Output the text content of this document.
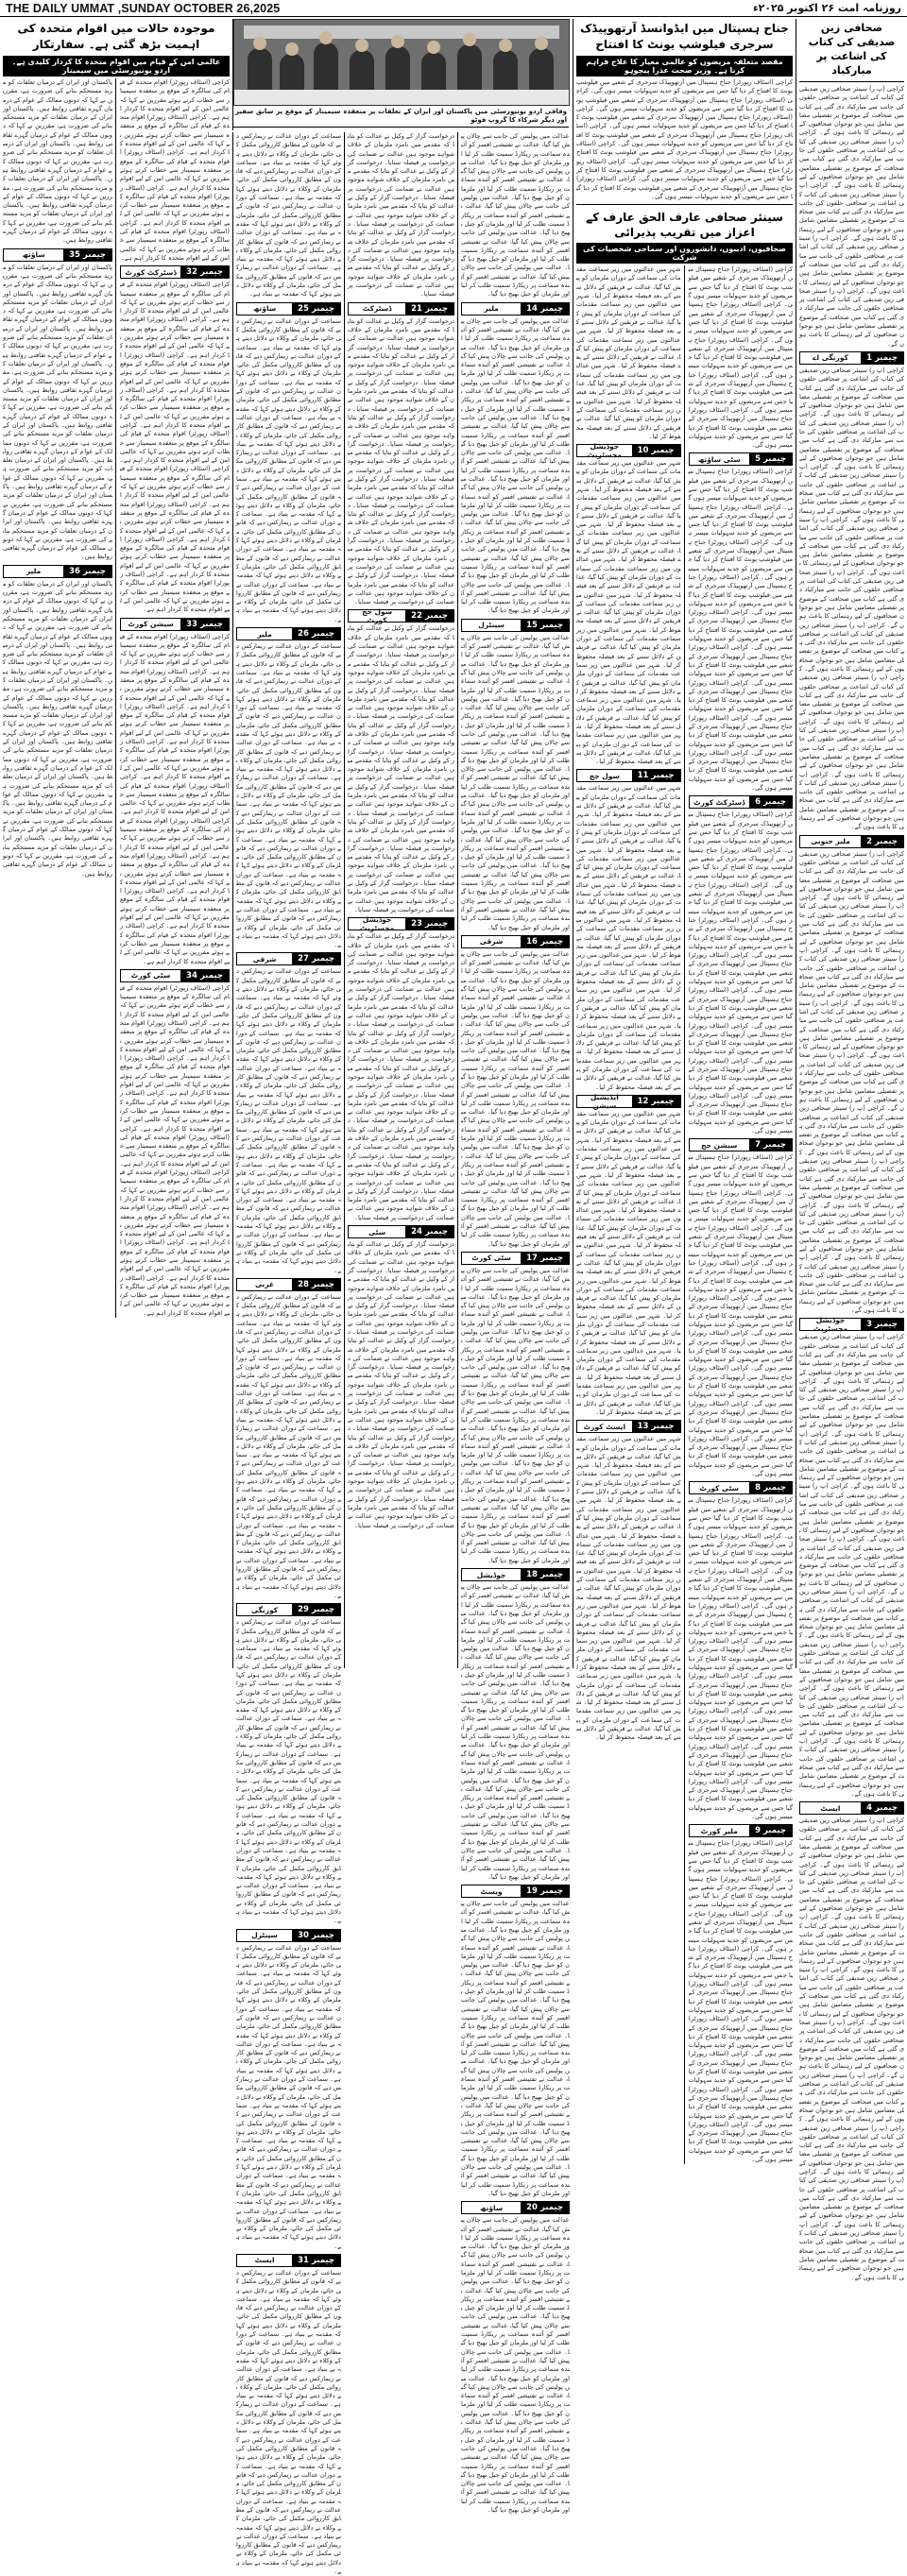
THE DAILY UMMAT ,SUNDAY OCTOBER 26,2025	روزنامہ امت ۲۶ اکتوبر ۲۰۲۵ء
صحافی زین صدیقی کی کتاب کی اشاعت پر مبارکباد
کراچی (پ ر) سینئر صحافی زین صدیقی کی کتاب کی اشاعت پر صحافتی حلقوں کی جانب سے مبارکباد دی گئی ہے کتاب میں صحافت کے موضوع پر تفصیلی مضامین شامل ہیں جو نوجوان صحافیوں کے لیے رہنمائی کا باعث ہوں گے۔ کراچی (پ ر) سینئر صحافی زین صدیقی کی کتاب کی اشاعت پر صحافتی حلقوں کی جانب سے مبارکباد دی گئی ہے کتاب میں صحافت کے موضوع پر تفصیلی مضامین شامل ہیں جو نوجوان صحافیوں کے لیے رہنمائی کا باعث ہوں گے۔ کراچی (پ ر) سینئر صحافی زین صدیقی کی کتاب کی اشاعت پر صحافتی حلقوں کی جانب سے مبارکباد دی گئی ہے کتاب میں صحافت کے موضوع پر تفصیلی مضامین شامل ہیں جو نوجوان صحافیوں کے لیے رہنمائی کا باعث ہوں گے۔ کراچی (پ ر) سینئر صحافی زین صدیقی کی کتاب کی اشاعت پر صحافتی حلقوں کی جانب سے مبارکباد دی گئی ہے کتاب میں صحافت کے موضوع پر تفصیلی مضامین شامل ہیں جو نوجوان صحافیوں کے لیے رہنمائی کا باعث ہوں گے۔ کراچی (پ ر) سینئر صحافی زین صدیقی کی کتاب کی اشاعت پر صحافتی حلقوں کی جانب سے مبارکباد دی گئی ہے کتاب میں صحافت کے موضوع پر تفصیلی مضامین شامل ہیں جو نوجوان صحافیوں کے لیے رہنمائی کا باعث ہوں گے۔
چیمبر 1
کورنگی اے
کراچی (پ ر) سینئر صحافی زین صدیقی کی کتاب کی اشاعت پر صحافتی حلقوں کی جانب سے مبارکباد دی گئی ہے کتاب میں صحافت کے موضوع پر تفصیلی مضامین شامل ہیں جو نوجوان صحافیوں کے لیے رہنمائی کا باعث ہوں گے۔ کراچی (پ ر) سینئر صحافی زین صدیقی کی کتاب کی اشاعت پر صحافتی حلقوں کی جانب سے مبارکباد دی گئی ہے کتاب میں صحافت کے موضوع پر تفصیلی مضامین شامل ہیں جو نوجوان صحافیوں کے لیے رہنمائی کا باعث ہوں گے۔ کراچی (پ ر) سینئر صحافی زین صدیقی کی کتاب کی اشاعت پر صحافتی حلقوں کی جانب سے مبارکباد دی گئی ہے کتاب میں صحافت کے موضوع پر تفصیلی مضامین شامل ہیں جو نوجوان صحافیوں کے لیے رہنمائی کا باعث ہوں گے۔ کراچی (پ ر) سینئر صحافی زین صدیقی کی کتاب کی اشاعت پر صحافتی حلقوں کی جانب سے مبارکباد دی گئی ہے کتاب میں صحافت کے موضوع پر تفصیلی مضامین شامل ہیں جو نوجوان صحافیوں کے لیے رہنمائی کا باعث ہوں گے۔ کراچی (پ ر) سینئر صحافی زین صدیقی کی کتاب کی اشاعت پر صحافتی حلقوں کی جانب سے مبارکباد دی گئی ہے کتاب میں صحافت کے موضوع پر تفصیلی مضامین شامل ہیں جو نوجوان صحافیوں کے لیے رہنمائی کا باعث ہوں گے۔ کراچی (پ ر) سینئر صحافی زین صدیقی کی کتاب کی اشاعت پر صحافتی حلقوں کی جانب سے مبارکباد دی گئی ہے کتاب میں صحافت کے موضوع پر تفصیلی مضامین شامل ہیں جو نوجوان صحافیوں کے لیے رہنمائی کا باعث ہوں گے۔ کراچی (پ ر) سینئر صحافی زین صدیقی کی کتاب کی اشاعت پر صحافتی حلقوں کی جانب سے مبارکباد دی گئی ہے کتاب میں صحافت کے موضوع پر تفصیلی مضامین شامل ہیں جو نوجوان صحافیوں کے لیے رہنمائی کا باعث ہوں گے۔ کراچی (پ ر) سینئر صحافی زین صدیقی کی کتاب کی اشاعت پر صحافتی حلقوں کی جانب سے مبارکباد دی گئی ہے کتاب میں صحافت کے موضوع پر تفصیلی مضامین شامل ہیں جو نوجوان صحافیوں کے لیے رہنمائی کا باعث ہوں گے۔ کراچی (پ ر) سینئر صحافی زین صدیقی کی کتاب کی اشاعت پر صحافتی حلقوں کی جانب سے مبارکباد دی گئی ہے کتاب میں صحافت کے موضوع پر تفصیلی مضامین شامل ہیں جو نوجوان صحافیوں کے لیے رہنمائی کا باعث ہوں گے۔
چیمبر 2
ملیر جنوبی
کراچی (پ ر) سینئر صحافی زین صدیقی کی کتاب کی اشاعت پر صحافتی حلقوں کی جانب سے مبارکباد دی گئی ہے کتاب میں صحافت کے موضوع پر تفصیلی مضامین شامل ہیں جو نوجوان صحافیوں کے لیے رہنمائی کا باعث ہوں گے۔ کراچی (پ ر) سینئر صحافی زین صدیقی کی کتاب کی اشاعت پر صحافتی حلقوں کی جانب سے مبارکباد دی گئی ہے کتاب میں صحافت کے موضوع پر تفصیلی مضامین شامل ہیں جو نوجوان صحافیوں کے لیے رہنمائی کا باعث ہوں گے۔ کراچی (پ ر) سینئر صحافی زین صدیقی کی کتاب کی اشاعت پر صحافتی حلقوں کی جانب سے مبارکباد دی گئی ہے کتاب میں صحافت کے موضوع پر تفصیلی مضامین شامل ہیں جو نوجوان صحافیوں کے لیے رہنمائی کا باعث ہوں گے۔ کراچی (پ ر) سینئر صحافی زین صدیقی کی کتاب کی اشاعت پر صحافتی حلقوں کی جانب سے مبارکباد دی گئی ہے کتاب میں صحافت کے موضوع پر تفصیلی مضامین شامل ہیں جو نوجوان صحافیوں کے لیے رہنمائی کا باعث ہوں گے۔ کراچی (پ ر) سینئر صحافی زین صدیقی کی کتاب کی اشاعت پر صحافتی حلقوں کی جانب سے مبارکباد دی گئی ہے کتاب میں صحافت کے موضوع پر تفصیلی مضامین شامل ہیں جو نوجوان صحافیوں کے لیے رہنمائی کا باعث ہوں گے۔ کراچی (پ ر) سینئر صحافی زین صدیقی کی کتاب کی اشاعت پر صحافتی حلقوں کی جانب سے مبارکباد دی گئی ہے کتاب میں صحافت کے موضوع پر تفصیلی مضامین شامل ہیں جو نوجوان صحافیوں کے لیے رہنمائی کا باعث ہوں گے۔ کراچی (پ ر) سینئر صحافی زین صدیقی کی کتاب کی اشاعت پر صحافتی حلقوں کی جانب سے مبارکباد دی گئی ہے کتاب میں صحافت کے موضوع پر تفصیلی مضامین شامل ہیں جو نوجوان صحافیوں کے لیے رہنمائی کا باعث ہوں گے۔ کراچی (پ ر) سینئر صحافی زین صدیقی کی کتاب کی اشاعت پر صحافتی حلقوں کی جانب سے مبارکباد دی گئی ہے کتاب میں صحافت کے موضوع پر تفصیلی مضامین شامل ہیں جو نوجوان صحافیوں کے لیے رہنمائی کا باعث ہوں گے۔ کراچی (پ ر) سینئر صحافی زین صدیقی کی کتاب کی اشاعت پر صحافتی حلقوں کی جانب سے مبارکباد دی گئی ہے کتاب میں صحافت کے موضوع پر تفصیلی مضامین شامل ہیں جو نوجوان صحافیوں کے لیے رہنمائی کا باعث ہوں گے۔
چیمبر 3
جوڈیشل مجسٹریٹ
کراچی (پ ر) سینئر صحافی زین صدیقی کی کتاب کی اشاعت پر صحافتی حلقوں کی جانب سے مبارکباد دی گئی ہے کتاب میں صحافت کے موضوع پر تفصیلی مضامین شامل ہیں جو نوجوان صحافیوں کے لیے رہنمائی کا باعث ہوں گے۔ کراچی (پ ر) سینئر صحافی زین صدیقی کی کتاب کی اشاعت پر صحافتی حلقوں کی جانب سے مبارکباد دی گئی ہے کتاب میں صحافت کے موضوع پر تفصیلی مضامین شامل ہیں جو نوجوان صحافیوں کے لیے رہنمائی کا باعث ہوں گے۔ کراچی (پ ر) سینئر صحافی زین صدیقی کی کتاب کی اشاعت پر صحافتی حلقوں کی جانب سے مبارکباد دی گئی ہے کتاب میں صحافت کے موضوع پر تفصیلی مضامین شامل ہیں جو نوجوان صحافیوں کے لیے رہنمائی کا باعث ہوں گے۔ کراچی (پ ر) سینئر صحافی زین صدیقی کی کتاب کی اشاعت پر صحافتی حلقوں کی جانب سے مبارکباد دی گئی ہے کتاب میں صحافت کے موضوع پر تفصیلی مضامین شامل ہیں جو نوجوان صحافیوں کے لیے رہنمائی کا باعث ہوں گے۔ کراچی (پ ر) سینئر صحافی زین صدیقی کی کتاب کی اشاعت پر صحافتی حلقوں کی جانب سے مبارکباد دی گئی ہے کتاب میں صحافت کے موضوع پر تفصیلی مضامین شامل ہیں جو نوجوان صحافیوں کے لیے رہنمائی کا باعث ہوں گے۔ کراچی (پ ر) سینئر صحافی زین صدیقی کی کتاب کی اشاعت پر صحافتی حلقوں کی جانب سے مبارکباد دی گئی ہے کتاب میں صحافت کے موضوع پر تفصیلی مضامین شامل ہیں جو نوجوان صحافیوں کے لیے رہنمائی کا باعث ہوں گے۔ کراچی (پ ر) سینئر صحافی زین صدیقی کی کتاب کی اشاعت پر صحافتی حلقوں کی جانب سے مبارکباد دی گئی ہے کتاب میں صحافت کے موضوع پر تفصیلی مضامین شامل ہیں جو نوجوان صحافیوں کے لیے رہنمائی کا باعث ہوں گے۔ کراچی (پ ر) سینئر صحافی زین صدیقی کی کتاب کی اشاعت پر صحافتی حلقوں کی جانب سے مبارکباد دی گئی ہے کتاب میں صحافت کے موضوع پر تفصیلی مضامین شامل ہیں جو نوجوان صحافیوں کے لیے رہنمائی کا باعث ہوں گے۔ کراچی (پ ر) سینئر صحافی زین صدیقی کی کتاب کی اشاعت پر صحافتی حلقوں کی جانب سے مبارکباد دی گئی ہے کتاب میں صحافت کے موضوع پر تفصیلی مضامین شامل ہیں جو نوجوان صحافیوں کے لیے رہنمائی کا باعث ہوں گے۔
چیمبر 4
ایسٹ
کراچی (پ ر) سینئر صحافی زین صدیقی کی کتاب کی اشاعت پر صحافتی حلقوں کی جانب سے مبارکباد دی گئی ہے کتاب میں صحافت کے موضوع پر تفصیلی مضامین شامل ہیں جو نوجوان صحافیوں کے لیے رہنمائی کا باعث ہوں گے۔ کراچی (پ ر) سینئر صحافی زین صدیقی کی کتاب کی اشاعت پر صحافتی حلقوں کی جانب سے مبارکباد دی گئی ہے کتاب میں صحافت کے موضوع پر تفصیلی مضامین شامل ہیں جو نوجوان صحافیوں کے لیے رہنمائی کا باعث ہوں گے۔ کراچی (پ ر) سینئر صحافی زین صدیقی کی کتاب کی اشاعت پر صحافتی حلقوں کی جانب سے مبارکباد دی گئی ہے کتاب میں صحافت کے موضوع پر تفصیلی مضامین شامل ہیں جو نوجوان صحافیوں کے لیے رہنمائی کا باعث ہوں گے۔ کراچی (پ ر) سینئر صحافی زین صدیقی کی کتاب کی اشاعت پر صحافتی حلقوں کی جانب سے مبارکباد دی گئی ہے کتاب میں صحافت کے موضوع پر تفصیلی مضامین شامل ہیں جو نوجوان صحافیوں کے لیے رہنمائی کا باعث ہوں گے۔ کراچی (پ ر) سینئر صحافی زین صدیقی کی کتاب کی اشاعت پر صحافتی حلقوں کی جانب سے مبارکباد دی گئی ہے کتاب میں صحافت کے موضوع پر تفصیلی مضامین شامل ہیں جو نوجوان صحافیوں کے لیے رہنمائی کا باعث ہوں گے۔ کراچی (پ ر) سینئر صحافی زین صدیقی کی کتاب کی اشاعت پر صحافتی حلقوں کی جانب سے مبارکباد دی گئی ہے کتاب میں صحافت کے موضوع پر تفصیلی مضامین شامل ہیں جو نوجوان صحافیوں کے لیے رہنمائی کا باعث ہوں گے۔ کراچی (پ ر) سینئر صحافی زین صدیقی کی کتاب کی اشاعت پر صحافتی حلقوں کی جانب سے مبارکباد دی گئی ہے کتاب میں صحافت کے موضوع پر تفصیلی مضامین شامل ہیں جو نوجوان صحافیوں کے لیے رہنمائی کا باعث ہوں گے۔ کراچی (پ ر) سینئر صحافی زین صدیقی کی کتاب کی اشاعت پر صحافتی حلقوں کی جانب سے مبارکباد دی گئی ہے کتاب میں صحافت کے موضوع پر تفصیلی مضامین شامل ہیں جو نوجوان صحافیوں کے لیے رہنمائی کا باعث ہوں گے۔ کراچی (پ ر) سینئر صحافی زین صدیقی کی کتاب کی اشاعت پر صحافتی حلقوں کی جانب سے مبارکباد دی گئی ہے کتاب میں صحافت کے موضوع پر تفصیلی مضامین شامل ہیں جو نوجوان صحافیوں کے لیے رہنمائی کا باعث ہوں گے۔
جناح ہسپتال میں ایڈوانسڈ آرتھوپیڈک سرجری فیلوشپ یونٹ کا افتتاح
مقصد متعلقہ مریضوں کو عالمی معیار کا علاج فراہم کرنا ہے۔ وزیر صحت عذرا پیچوہو
کراچی (اسٹاف رپورٹر) جناح ہسپتال میں آرتھوپیڈک سرجری کے شعبے میں فیلوشپ یونٹ کا افتتاح کر دیا گیا جس سے مریضوں کو جدید سہولیات میسر ہوں گی۔ کراچی (اسٹاف رپورٹر) جناح ہسپتال میں آرتھوپیڈک سرجری کے شعبے میں فیلوشپ یونٹ کا افتتاح کر دیا گیا جس سے مریضوں کو جدید سہولیات میسر ہوں گی۔ کراچی (اسٹاف رپورٹر) جناح ہسپتال میں آرتھوپیڈک سرجری کے شعبے میں فیلوشپ یونٹ کا افتتاح کر دیا گیا جس سے مریضوں کو جدید سہولیات میسر ہوں گی۔ کراچی (اسٹاف رپورٹر) جناح ہسپتال میں آرتھوپیڈک سرجری کے شعبے میں فیلوشپ یونٹ کا افتتاح کر دیا گیا جس سے مریضوں کو جدید سہولیات میسر ہوں گی۔ کراچی (اسٹاف رپورٹر) جناح ہسپتال میں آرتھوپیڈک سرجری کے شعبے میں فیلوشپ یونٹ کا افتتاح کر دیا گیا جس سے مریضوں کو جدید سہولیات میسر ہوں گی۔ کراچی (اسٹاف رپورٹر) جناح ہسپتال میں آرتھوپیڈک سرجری کے شعبے میں فیلوشپ یونٹ کا افتتاح کر دیا گیا جس سے مریضوں کو جدید سہولیات میسر ہوں گی۔ کراچی (اسٹاف رپورٹر) جناح ہسپتال میں آرتھوپیڈک سرجری کے شعبے میں فیلوشپ یونٹ کا افتتاح کر دیا گیا جس سے مریضوں کو جدید سہولیات میسر ہوں گی۔
سینئر صحافی عارف الحق عارف کے اعزاز میں تقریب پذیرائی
صحافیوں، ادیبوں، دانشوروں اور سماجی شخصیات کی شرکت
کراچی (اسٹاف رپورٹر) جناح ہسپتال میں آرتھوپیڈک سرجری کے شعبے میں فیلوشپ یونٹ کا افتتاح کر دیا گیا جس سے مریضوں کو جدید سہولیات میسر ہوں گی۔ کراچی (اسٹاف رپورٹر) جناح ہسپتال میں آرتھوپیڈک سرجری کے شعبے میں فیلوشپ یونٹ کا افتتاح کر دیا گیا جس سے مریضوں کو جدید سہولیات میسر ہوں گی۔ کراچی (اسٹاف رپورٹر) جناح ہسپتال میں آرتھوپیڈک سرجری کے شعبے میں فیلوشپ یونٹ کا افتتاح کر دیا گیا جس سے مریضوں کو جدید سہولیات میسر ہوں گی۔ کراچی (اسٹاف رپورٹر) جناح ہسپتال میں آرتھوپیڈک سرجری کے شعبے میں فیلوشپ یونٹ کا افتتاح کر دیا گیا جس سے مریضوں کو جدید سہولیات میسر ہوں گی۔ کراچی (اسٹاف رپورٹر) جناح ہسپتال میں آرتھوپیڈک سرجری کے شعبے میں فیلوشپ یونٹ کا افتتاح کر دیا گیا جس سے مریضوں کو جدید سہولیات میسر ہوں گی۔
چیمبر 5
سٹی ساؤتھ
کراچی (اسٹاف رپورٹر) جناح ہسپتال میں آرتھوپیڈک سرجری کے شعبے میں فیلوشپ یونٹ کا افتتاح کر دیا گیا جس سے مریضوں کو جدید سہولیات میسر ہوں گی۔ کراچی (اسٹاف رپورٹر) جناح ہسپتال میں آرتھوپیڈک سرجری کے شعبے میں فیلوشپ یونٹ کا افتتاح کر دیا گیا جس سے مریضوں کو جدید سہولیات میسر ہوں گی۔ کراچی (اسٹاف رپورٹر) جناح ہسپتال میں آرتھوپیڈک سرجری کے شعبے میں فیلوشپ یونٹ کا افتتاح کر دیا گیا جس سے مریضوں کو جدید سہولیات میسر ہوں گی۔ کراچی (اسٹاف رپورٹر) جناح ہسپتال میں آرتھوپیڈک سرجری کے شعبے میں فیلوشپ یونٹ کا افتتاح کر دیا گیا جس سے مریضوں کو جدید سہولیات میسر ہوں گی۔ کراچی (اسٹاف رپورٹر) جناح ہسپتال میں آرتھوپیڈک سرجری کے شعبے میں فیلوشپ یونٹ کا افتتاح کر دیا گیا جس سے مریضوں کو جدید سہولیات میسر ہوں گی۔ کراچی (اسٹاف رپورٹر) جناح ہسپتال میں آرتھوپیڈک سرجری کے شعبے میں فیلوشپ یونٹ کا افتتاح کر دیا گیا جس سے مریضوں کو جدید سہولیات میسر ہوں گی۔ کراچی (اسٹاف رپورٹر) جناح ہسپتال میں آرتھوپیڈک سرجری کے شعبے میں فیلوشپ یونٹ کا افتتاح کر دیا گیا جس سے مریضوں کو جدید سہولیات میسر ہوں گی۔ کراچی (اسٹاف رپورٹر) جناح ہسپتال میں آرتھوپیڈک سرجری کے شعبے میں فیلوشپ یونٹ کا افتتاح کر دیا گیا جس سے مریضوں کو جدید سہولیات میسر ہوں گی۔ کراچی (اسٹاف رپورٹر) جناح ہسپتال میں آرتھوپیڈک سرجری کے شعبے میں فیلوشپ یونٹ کا افتتاح کر دیا گیا جس سے مریضوں کو جدید سہولیات میسر ہوں گی۔
چیمبر 6
ڈسٹرکٹ کورٹ
کراچی (اسٹاف رپورٹر) جناح ہسپتال میں آرتھوپیڈک سرجری کے شعبے میں فیلوشپ یونٹ کا افتتاح کر دیا گیا جس سے مریضوں کو جدید سہولیات میسر ہوں گی۔ کراچی (اسٹاف رپورٹر) جناح ہسپتال میں آرتھوپیڈک سرجری کے شعبے میں فیلوشپ یونٹ کا افتتاح کر دیا گیا جس سے مریضوں کو جدید سہولیات میسر ہوں گی۔ کراچی (اسٹاف رپورٹر) جناح ہسپتال میں آرتھوپیڈک سرجری کے شعبے میں فیلوشپ یونٹ کا افتتاح کر دیا گیا جس سے مریضوں کو جدید سہولیات میسر ہوں گی۔ کراچی (اسٹاف رپورٹر) جناح ہسپتال میں آرتھوپیڈک سرجری کے شعبے میں فیلوشپ یونٹ کا افتتاح کر دیا گیا جس سے مریضوں کو جدید سہولیات میسر ہوں گی۔ کراچی (اسٹاف رپورٹر) جناح ہسپتال میں آرتھوپیڈک سرجری کے شعبے میں فیلوشپ یونٹ کا افتتاح کر دیا گیا جس سے مریضوں کو جدید سہولیات میسر ہوں گی۔ کراچی (اسٹاف رپورٹر) جناح ہسپتال میں آرتھوپیڈک سرجری کے شعبے میں فیلوشپ یونٹ کا افتتاح کر دیا گیا جس سے مریضوں کو جدید سہولیات میسر ہوں گی۔ کراچی (اسٹاف رپورٹر) جناح ہسپتال میں آرتھوپیڈک سرجری کے شعبے میں فیلوشپ یونٹ کا افتتاح کر دیا گیا جس سے مریضوں کو جدید سہولیات میسر ہوں گی۔ کراچی (اسٹاف رپورٹر) جناح ہسپتال میں آرتھوپیڈک سرجری کے شعبے میں فیلوشپ یونٹ کا افتتاح کر دیا گیا جس سے مریضوں کو جدید سہولیات میسر ہوں گی۔ کراچی (اسٹاف رپورٹر) جناح ہسپتال میں آرتھوپیڈک سرجری کے شعبے میں فیلوشپ یونٹ کا افتتاح کر دیا گیا جس سے مریضوں کو جدید سہولیات میسر ہوں گی۔
چیمبر 7
سیشن جج
کراچی (اسٹاف رپورٹر) جناح ہسپتال میں آرتھوپیڈک سرجری کے شعبے میں فیلوشپ یونٹ کا افتتاح کر دیا گیا جس سے مریضوں کو جدید سہولیات میسر ہوں گی۔ کراچی (اسٹاف رپورٹر) جناح ہسپتال میں آرتھوپیڈک سرجری کے شعبے میں فیلوشپ یونٹ کا افتتاح کر دیا گیا جس سے مریضوں کو جدید سہولیات میسر ہوں گی۔ کراچی (اسٹاف رپورٹر) جناح ہسپتال میں آرتھوپیڈک سرجری کے شعبے میں فیلوشپ یونٹ کا افتتاح کر دیا گیا جس سے مریضوں کو جدید سہولیات میسر ہوں گی۔ کراچی (اسٹاف رپورٹر) جناح ہسپتال میں آرتھوپیڈک سرجری کے شعبے میں فیلوشپ یونٹ کا افتتاح کر دیا گیا جس سے مریضوں کو جدید سہولیات میسر ہوں گی۔ کراچی (اسٹاف رپورٹر) جناح ہسپتال میں آرتھوپیڈک سرجری کے شعبے میں فیلوشپ یونٹ کا افتتاح کر دیا گیا جس سے مریضوں کو جدید سہولیات میسر ہوں گی۔ کراچی (اسٹاف رپورٹر) جناح ہسپتال میں آرتھوپیڈک سرجری کے شعبے میں فیلوشپ یونٹ کا افتتاح کر دیا گیا جس سے مریضوں کو جدید سہولیات میسر ہوں گی۔ کراچی (اسٹاف رپورٹر) جناح ہسپتال میں آرتھوپیڈک سرجری کے شعبے میں فیلوشپ یونٹ کا افتتاح کر دیا گیا جس سے مریضوں کو جدید سہولیات میسر ہوں گی۔ کراچی (اسٹاف رپورٹر) جناح ہسپتال میں آرتھوپیڈک سرجری کے شعبے میں فیلوشپ یونٹ کا افتتاح کر دیا گیا جس سے مریضوں کو جدید سہولیات میسر ہوں گی۔ کراچی (اسٹاف رپورٹر) جناح ہسپتال میں آرتھوپیڈک سرجری کے شعبے میں فیلوشپ یونٹ کا افتتاح کر دیا گیا جس سے مریضوں کو جدید سہولیات میسر ہوں گی۔
چیمبر 8
سٹی کورٹ
کراچی (اسٹاف رپورٹر) جناح ہسپتال میں آرتھوپیڈک سرجری کے شعبے میں فیلوشپ یونٹ کا افتتاح کر دیا گیا جس سے مریضوں کو جدید سہولیات میسر ہوں گی۔ کراچی (اسٹاف رپورٹر) جناح ہسپتال میں آرتھوپیڈک سرجری کے شعبے میں فیلوشپ یونٹ کا افتتاح کر دیا گیا جس سے مریضوں کو جدید سہولیات میسر ہوں گی۔ کراچی (اسٹاف رپورٹر) جناح ہسپتال میں آرتھوپیڈک سرجری کے شعبے میں فیلوشپ یونٹ کا افتتاح کر دیا گیا جس سے مریضوں کو جدید سہولیات میسر ہوں گی۔ کراچی (اسٹاف رپورٹر) جناح ہسپتال میں آرتھوپیڈک سرجری کے شعبے میں فیلوشپ یونٹ کا افتتاح کر دیا گیا جس سے مریضوں کو جدید سہولیات میسر ہوں گی۔ کراچی (اسٹاف رپورٹر) جناح ہسپتال میں آرتھوپیڈک سرجری کے شعبے میں فیلوشپ یونٹ کا افتتاح کر دیا گیا جس سے مریضوں کو جدید سہولیات میسر ہوں گی۔ کراچی (اسٹاف رپورٹر) جناح ہسپتال میں آرتھوپیڈک سرجری کے شعبے میں فیلوشپ یونٹ کا افتتاح کر دیا گیا جس سے مریضوں کو جدید سہولیات میسر ہوں گی۔ کراچی (اسٹاف رپورٹر) جناح ہسپتال میں آرتھوپیڈک سرجری کے شعبے میں فیلوشپ یونٹ کا افتتاح کر دیا گیا جس سے مریضوں کو جدید سہولیات میسر ہوں گی۔ کراچی (اسٹاف رپورٹر) جناح ہسپتال میں آرتھوپیڈک سرجری کے شعبے میں فیلوشپ یونٹ کا افتتاح کر دیا گیا جس سے مریضوں کو جدید سہولیات میسر ہوں گی۔ کراچی (اسٹاف رپورٹر) جناح ہسپتال میں آرتھوپیڈک سرجری کے شعبے میں فیلوشپ یونٹ کا افتتاح کر دیا گیا جس سے مریضوں کو جدید سہولیات میسر ہوں گی۔
چیمبر 9
ملیر کورٹ
کراچی (اسٹاف رپورٹر) جناح ہسپتال میں آرتھوپیڈک سرجری کے شعبے میں فیلوشپ یونٹ کا افتتاح کر دیا گیا جس سے مریضوں کو جدید سہولیات میسر ہوں گی۔ کراچی (اسٹاف رپورٹر) جناح ہسپتال میں آرتھوپیڈک سرجری کے شعبے میں فیلوشپ یونٹ کا افتتاح کر دیا گیا جس سے مریضوں کو جدید سہولیات میسر ہوں گی۔ کراچی (اسٹاف رپورٹر) جناح ہسپتال میں آرتھوپیڈک سرجری کے شعبے میں فیلوشپ یونٹ کا افتتاح کر دیا گیا جس سے مریضوں کو جدید سہولیات میسر ہوں گی۔ کراچی (اسٹاف رپورٹر) جناح ہسپتال میں آرتھوپیڈک سرجری کے شعبے میں فیلوشپ یونٹ کا افتتاح کر دیا گیا جس سے مریضوں کو جدید سہولیات میسر ہوں گی۔ کراچی (اسٹاف رپورٹر) جناح ہسپتال میں آرتھوپیڈک سرجری کے شعبے میں فیلوشپ یونٹ کا افتتاح کر دیا گیا جس سے مریضوں کو جدید سہولیات میسر ہوں گی۔ کراچی (اسٹاف رپورٹر) جناح ہسپتال میں آرتھوپیڈک سرجری کے شعبے میں فیلوشپ یونٹ کا افتتاح کر دیا گیا جس سے مریضوں کو جدید سہولیات میسر ہوں گی۔ کراچی (اسٹاف رپورٹر) جناح ہسپتال میں آرتھوپیڈک سرجری کے شعبے میں فیلوشپ یونٹ کا افتتاح کر دیا گیا جس سے مریضوں کو جدید سہولیات میسر ہوں گی۔ کراچی (اسٹاف رپورٹر) جناح ہسپتال میں آرتھوپیڈک سرجری کے شعبے میں فیلوشپ یونٹ کا افتتاح کر دیا گیا جس سے مریضوں کو جدید سہولیات میسر ہوں گی۔ کراچی (اسٹاف رپورٹر) جناح ہسپتال میں آرتھوپیڈک سرجری کے شعبے میں فیلوشپ یونٹ کا افتتاح کر دیا گیا جس سے مریضوں کو جدید سہولیات میسر ہوں گی۔
شہر میں عدالتوں میں زیر سماعت مقدمات کی سماعت کے دوران ملزمان کو پیش کیا گیا، عدالت نے فریقین کے دلائل سننے کے بعد فیصلہ محفوظ کر لیا۔ شہر میں عدالتوں میں زیر سماعت مقدمات کی سماعت کے دوران ملزمان کو پیش کیا گیا، عدالت نے فریقین کے دلائل سننے کے بعد فیصلہ محفوظ کر لیا۔ شہر میں عدالتوں میں زیر سماعت مقدمات کی سماعت کے دوران ملزمان کو پیش کیا گیا، عدالت نے فریقین کے دلائل سننے کے بعد فیصلہ محفوظ کر لیا۔ شہر میں عدالتوں میں زیر سماعت مقدمات کی سماعت کے دوران ملزمان کو پیش کیا گیا، عدالت نے فریقین کے دلائل سننے کے بعد فیصلہ محفوظ کر لیا۔ شہر میں عدالتوں میں زیر سماعت مقدمات کی سماعت کے دوران ملزمان کو پیش کیا گیا، عدالت نے فریقین کے دلائل سننے کے بعد فیصلہ محفوظ کر لیا۔
چیمبر 10
جوڈیشل مجسٹریٹ
شہر میں عدالتوں میں زیر سماعت مقدمات کی سماعت کے دوران ملزمان کو پیش کیا گیا، عدالت نے فریقین کے دلائل سننے کے بعد فیصلہ محفوظ کر لیا۔ شہر میں عدالتوں میں زیر سماعت مقدمات کی سماعت کے دوران ملزمان کو پیش کیا گیا، عدالت نے فریقین کے دلائل سننے کے بعد فیصلہ محفوظ کر لیا۔ شہر میں عدالتوں میں زیر سماعت مقدمات کی سماعت کے دوران ملزمان کو پیش کیا گیا، عدالت نے فریقین کے دلائل سننے کے بعد فیصلہ محفوظ کر لیا۔ شہر میں عدالتوں میں زیر سماعت مقدمات کی سماعت کے دوران ملزمان کو پیش کیا گیا، عدالت نے فریقین کے دلائل سننے کے بعد فیصلہ محفوظ کر لیا۔ شہر میں عدالتوں میں زیر سماعت مقدمات کی سماعت کے دوران ملزمان کو پیش کیا گیا، عدالت نے فریقین کے دلائل سننے کے بعد فیصلہ محفوظ کر لیا۔ شہر میں عدالتوں میں زیر سماعت مقدمات کی سماعت کے دوران ملزمان کو پیش کیا گیا، عدالت نے فریقین کے دلائل سننے کے بعد فیصلہ محفوظ کر لیا۔ شہر میں عدالتوں میں زیر سماعت مقدمات کی سماعت کے دوران ملزمان کو پیش کیا گیا، عدالت نے فریقین کے دلائل سننے کے بعد فیصلہ محفوظ کر لیا۔ شہر میں عدالتوں میں زیر سماعت مقدمات کی سماعت کے دوران ملزمان کو پیش کیا گیا، عدالت نے فریقین کے دلائل سننے کے بعد فیصلہ محفوظ کر لیا۔ شہر میں عدالتوں میں زیر سماعت مقدمات کی سماعت کے دوران ملزمان کو پیش کیا گیا، عدالت نے فریقین کے دلائل سننے کے بعد فیصلہ محفوظ کر لیا۔
چیمبر 11
سول جج
شہر میں عدالتوں میں زیر سماعت مقدمات کی سماعت کے دوران ملزمان کو پیش کیا گیا، عدالت نے فریقین کے دلائل سننے کے بعد فیصلہ محفوظ کر لیا۔ شہر میں عدالتوں میں زیر سماعت مقدمات کی سماعت کے دوران ملزمان کو پیش کیا گیا، عدالت نے فریقین کے دلائل سننے کے بعد فیصلہ محفوظ کر لیا۔ شہر میں عدالتوں میں زیر سماعت مقدمات کی سماعت کے دوران ملزمان کو پیش کیا گیا، عدالت نے فریقین کے دلائل سننے کے بعد فیصلہ محفوظ کر لیا۔ شہر میں عدالتوں میں زیر سماعت مقدمات کی سماعت کے دوران ملزمان کو پیش کیا گیا، عدالت نے فریقین کے دلائل سننے کے بعد فیصلہ محفوظ کر لیا۔ شہر میں عدالتوں میں زیر سماعت مقدمات کی سماعت کے دوران ملزمان کو پیش کیا گیا، عدالت نے فریقین کے دلائل سننے کے بعد فیصلہ محفوظ کر لیا۔ شہر میں عدالتوں میں زیر سماعت مقدمات کی سماعت کے دوران ملزمان کو پیش کیا گیا، عدالت نے فریقین کے دلائل سننے کے بعد فیصلہ محفوظ کر لیا۔ شہر میں عدالتوں میں زیر سماعت مقدمات کی سماعت کے دوران ملزمان کو پیش کیا گیا، عدالت نے فریقین کے دلائل سننے کے بعد فیصلہ محفوظ کر لیا۔ شہر میں عدالتوں میں زیر سماعت مقدمات کی سماعت کے دوران ملزمان کو پیش کیا گیا، عدالت نے فریقین کے دلائل سننے کے بعد فیصلہ محفوظ کر لیا۔ شہر میں عدالتوں میں زیر سماعت مقدمات کی سماعت کے دوران ملزمان کو پیش کیا گیا، عدالت نے فریقین کے دلائل سننے کے بعد فیصلہ محفوظ کر لیا۔
چیمبر 12
ایڈیشنل سیشن
شہر میں عدالتوں میں زیر سماعت مقدمات کی سماعت کے دوران ملزمان کو پیش کیا گیا، عدالت نے فریقین کے دلائل سننے کے بعد فیصلہ محفوظ کر لیا۔ شہر میں عدالتوں میں زیر سماعت مقدمات کی سماعت کے دوران ملزمان کو پیش کیا گیا، عدالت نے فریقین کے دلائل سننے کے بعد فیصلہ محفوظ کر لیا۔ شہر میں عدالتوں میں زیر سماعت مقدمات کی سماعت کے دوران ملزمان کو پیش کیا گیا، عدالت نے فریقین کے دلائل سننے کے بعد فیصلہ محفوظ کر لیا۔ شہر میں عدالتوں میں زیر سماعت مقدمات کی سماعت کے دوران ملزمان کو پیش کیا گیا، عدالت نے فریقین کے دلائل سننے کے بعد فیصلہ محفوظ کر لیا۔ شہر میں عدالتوں میں زیر سماعت مقدمات کی سماعت کے دوران ملزمان کو پیش کیا گیا، عدالت نے فریقین کے دلائل سننے کے بعد فیصلہ محفوظ کر لیا۔ شہر میں عدالتوں میں زیر سماعت مقدمات کی سماعت کے دوران ملزمان کو پیش کیا گیا، عدالت نے فریقین کے دلائل سننے کے بعد فیصلہ محفوظ کر لیا۔ شہر میں عدالتوں میں زیر سماعت مقدمات کی سماعت کے دوران ملزمان کو پیش کیا گیا، عدالت نے فریقین کے دلائل سننے کے بعد فیصلہ محفوظ کر لیا۔ شہر میں عدالتوں میں زیر سماعت مقدمات کی سماعت کے دوران ملزمان کو پیش کیا گیا، عدالت نے فریقین کے دلائل سننے کے بعد فیصلہ محفوظ کر لیا۔ شہر میں عدالتوں میں زیر سماعت مقدمات کی سماعت کے دوران ملزمان کو پیش کیا گیا، عدالت نے فریقین کے دلائل سننے کے بعد فیصلہ محفوظ کر لیا۔
چیمبر 13
ایسٹ کورٹ
شہر میں عدالتوں میں زیر سماعت مقدمات کی سماعت کے دوران ملزمان کو پیش کیا گیا، عدالت نے فریقین کے دلائل سننے کے بعد فیصلہ محفوظ کر لیا۔ شہر میں عدالتوں میں زیر سماعت مقدمات کی سماعت کے دوران ملزمان کو پیش کیا گیا، عدالت نے فریقین کے دلائل سننے کے بعد فیصلہ محفوظ کر لیا۔ شہر میں عدالتوں میں زیر سماعت مقدمات کی سماعت کے دوران ملزمان کو پیش کیا گیا، عدالت نے فریقین کے دلائل سننے کے بعد فیصلہ محفوظ کر لیا۔ شہر میں عدالتوں میں زیر سماعت مقدمات کی سماعت کے دوران ملزمان کو پیش کیا گیا، عدالت نے فریقین کے دلائل سننے کے بعد فیصلہ محفوظ کر لیا۔ شہر میں عدالتوں میں زیر سماعت مقدمات کی سماعت کے دوران ملزمان کو پیش کیا گیا، عدالت نے فریقین کے دلائل سننے کے بعد فیصلہ محفوظ کر لیا۔ شہر میں عدالتوں میں زیر سماعت مقدمات کی سماعت کے دوران ملزمان کو پیش کیا گیا، عدالت نے فریقین کے دلائل سننے کے بعد فیصلہ محفوظ کر لیا۔ شہر میں عدالتوں میں زیر سماعت مقدمات کی سماعت کے دوران ملزمان کو پیش کیا گیا، عدالت نے فریقین کے دلائل سننے کے بعد فیصلہ محفوظ کر لیا۔ شہر میں عدالتوں میں زیر سماعت مقدمات کی سماعت کے دوران ملزمان کو پیش کیا گیا، عدالت نے فریقین کے دلائل سننے کے بعد فیصلہ محفوظ کر لیا۔ شہر میں عدالتوں میں زیر سماعت مقدمات کی سماعت کے دوران ملزمان کو پیش کیا گیا، عدالت نے فریقین کے دلائل سننے کے بعد فیصلہ محفوظ کر لیا۔
وفاقی اردو یونیورسٹی میں پاکستان اور ایران کے تعلقات پر منعقدہ سیمینار کے موقع پر سابق سفیر اور دیگر شرکاء کا گروپ فوٹو
عدالت میں پولیس کی جانب سے چالان پیش کیا گیا، عدالت نے تفتیشی افسر کو آئندہ سماعت پر ریکارڈ سمیت طلب کر لیا اور ملزمان کو جیل بھیج دیا گیا۔ عدالت میں پولیس کی جانب سے چالان پیش کیا گیا، عدالت نے تفتیشی افسر کو آئندہ سماعت پر ریکارڈ سمیت طلب کر لیا اور ملزمان کو جیل بھیج دیا گیا۔ عدالت میں پولیس کی جانب سے چالان پیش کیا گیا، عدالت نے تفتیشی افسر کو آئندہ سماعت پر ریکارڈ سمیت طلب کر لیا اور ملزمان کو جیل بھیج دیا گیا۔ عدالت میں پولیس کی جانب سے چالان پیش کیا گیا، عدالت نے تفتیشی افسر کو آئندہ سماعت پر ریکارڈ سمیت طلب کر لیا اور ملزمان کو جیل بھیج دیا گیا۔ عدالت میں پولیس کی جانب سے چالان پیش کیا گیا، عدالت نے تفتیشی افسر کو آئندہ سماعت پر ریکارڈ سمیت طلب کر لیا اور ملزمان کو جیل بھیج دیا گیا۔
چیمبر 14
ملیر
عدالت میں پولیس کی جانب سے چالان پیش کیا گیا، عدالت نے تفتیشی افسر کو آئندہ سماعت پر ریکارڈ سمیت طلب کر لیا اور ملزمان کو جیل بھیج دیا گیا۔ عدالت میں پولیس کی جانب سے چالان پیش کیا گیا، عدالت نے تفتیشی افسر کو آئندہ سماعت پر ریکارڈ سمیت طلب کر لیا اور ملزمان کو جیل بھیج دیا گیا۔ عدالت میں پولیس کی جانب سے چالان پیش کیا گیا، عدالت نے تفتیشی افسر کو آئندہ سماعت پر ریکارڈ سمیت طلب کر لیا اور ملزمان کو جیل بھیج دیا گیا۔ عدالت میں پولیس کی جانب سے چالان پیش کیا گیا، عدالت نے تفتیشی افسر کو آئندہ سماعت پر ریکارڈ سمیت طلب کر لیا اور ملزمان کو جیل بھیج دیا گیا۔ عدالت میں پولیس کی جانب سے چالان پیش کیا گیا، عدالت نے تفتیشی افسر کو آئندہ سماعت پر ریکارڈ سمیت طلب کر لیا اور ملزمان کو جیل بھیج دیا گیا۔ عدالت میں پولیس کی جانب سے چالان پیش کیا گیا، عدالت نے تفتیشی افسر کو آئندہ سماعت پر ریکارڈ سمیت طلب کر لیا اور ملزمان کو جیل بھیج دیا گیا۔ عدالت میں پولیس کی جانب سے چالان پیش کیا گیا، عدالت نے تفتیشی افسر کو آئندہ سماعت پر ریکارڈ سمیت طلب کر لیا اور ملزمان کو جیل بھیج دیا گیا۔ عدالت میں پولیس کی جانب سے چالان پیش کیا گیا، عدالت نے تفتیشی افسر کو آئندہ سماعت پر ریکارڈ سمیت طلب کر لیا اور ملزمان کو جیل بھیج دیا گیا۔ عدالت میں پولیس کی جانب سے چالان پیش کیا گیا، عدالت نے تفتیشی افسر کو آئندہ سماعت پر ریکارڈ سمیت طلب کر لیا اور ملزمان کو جیل بھیج دیا گیا۔
چیمبر 15
سینٹرل
عدالت میں پولیس کی جانب سے چالان پیش کیا گیا، عدالت نے تفتیشی افسر کو آئندہ سماعت پر ریکارڈ سمیت طلب کر لیا اور ملزمان کو جیل بھیج دیا گیا۔ عدالت میں پولیس کی جانب سے چالان پیش کیا گیا، عدالت نے تفتیشی افسر کو آئندہ سماعت پر ریکارڈ سمیت طلب کر لیا اور ملزمان کو جیل بھیج دیا گیا۔ عدالت میں پولیس کی جانب سے چالان پیش کیا گیا، عدالت نے تفتیشی افسر کو آئندہ سماعت پر ریکارڈ سمیت طلب کر لیا اور ملزمان کو جیل بھیج دیا گیا۔ عدالت میں پولیس کی جانب سے چالان پیش کیا گیا، عدالت نے تفتیشی افسر کو آئندہ سماعت پر ریکارڈ سمیت طلب کر لیا اور ملزمان کو جیل بھیج دیا گیا۔ عدالت میں پولیس کی جانب سے چالان پیش کیا گیا، عدالت نے تفتیشی افسر کو آئندہ سماعت پر ریکارڈ سمیت طلب کر لیا اور ملزمان کو جیل بھیج دیا گیا۔ عدالت میں پولیس کی جانب سے چالان پیش کیا گیا، عدالت نے تفتیشی افسر کو آئندہ سماعت پر ریکارڈ سمیت طلب کر لیا اور ملزمان کو جیل بھیج دیا گیا۔ عدالت میں پولیس کی جانب سے چالان پیش کیا گیا، عدالت نے تفتیشی افسر کو آئندہ سماعت پر ریکارڈ سمیت طلب کر لیا اور ملزمان کو جیل بھیج دیا گیا۔ عدالت میں پولیس کی جانب سے چالان پیش کیا گیا، عدالت نے تفتیشی افسر کو آئندہ سماعت پر ریکارڈ سمیت طلب کر لیا اور ملزمان کو جیل بھیج دیا گیا۔ عدالت میں پولیس کی جانب سے چالان پیش کیا گیا، عدالت نے تفتیشی افسر کو آئندہ سماعت پر ریکارڈ سمیت طلب کر لیا اور ملزمان کو جیل بھیج دیا گیا۔
چیمبر 16
شرقی
عدالت میں پولیس کی جانب سے چالان پیش کیا گیا، عدالت نے تفتیشی افسر کو آئندہ سماعت پر ریکارڈ سمیت طلب کر لیا اور ملزمان کو جیل بھیج دیا گیا۔ عدالت میں پولیس کی جانب سے چالان پیش کیا گیا، عدالت نے تفتیشی افسر کو آئندہ سماعت پر ریکارڈ سمیت طلب کر لیا اور ملزمان کو جیل بھیج دیا گیا۔ عدالت میں پولیس کی جانب سے چالان پیش کیا گیا، عدالت نے تفتیشی افسر کو آئندہ سماعت پر ریکارڈ سمیت طلب کر لیا اور ملزمان کو جیل بھیج دیا گیا۔ عدالت میں پولیس کی جانب سے چالان پیش کیا گیا، عدالت نے تفتیشی افسر کو آئندہ سماعت پر ریکارڈ سمیت طلب کر لیا اور ملزمان کو جیل بھیج دیا گیا۔ عدالت میں پولیس کی جانب سے چالان پیش کیا گیا، عدالت نے تفتیشی افسر کو آئندہ سماعت پر ریکارڈ سمیت طلب کر لیا اور ملزمان کو جیل بھیج دیا گیا۔ عدالت میں پولیس کی جانب سے چالان پیش کیا گیا، عدالت نے تفتیشی افسر کو آئندہ سماعت پر ریکارڈ سمیت طلب کر لیا اور ملزمان کو جیل بھیج دیا گیا۔ عدالت میں پولیس کی جانب سے چالان پیش کیا گیا، عدالت نے تفتیشی افسر کو آئندہ سماعت پر ریکارڈ سمیت طلب کر لیا اور ملزمان کو جیل بھیج دیا گیا۔ عدالت میں پولیس کی جانب سے چالان پیش کیا گیا، عدالت نے تفتیشی افسر کو آئندہ سماعت پر ریکارڈ سمیت طلب کر لیا اور ملزمان کو جیل بھیج دیا گیا۔ عدالت میں پولیس کی جانب سے چالان پیش کیا گیا، عدالت نے تفتیشی افسر کو آئندہ سماعت پر ریکارڈ سمیت طلب کر لیا اور ملزمان کو جیل بھیج دیا گیا۔
چیمبر 17
سٹی کورٹ
عدالت میں پولیس کی جانب سے چالان پیش کیا گیا، عدالت نے تفتیشی افسر کو آئندہ سماعت پر ریکارڈ سمیت طلب کر لیا اور ملزمان کو جیل بھیج دیا گیا۔ عدالت میں پولیس کی جانب سے چالان پیش کیا گیا، عدالت نے تفتیشی افسر کو آئندہ سماعت پر ریکارڈ سمیت طلب کر لیا اور ملزمان کو جیل بھیج دیا گیا۔ عدالت میں پولیس کی جانب سے چالان پیش کیا گیا، عدالت نے تفتیشی افسر کو آئندہ سماعت پر ریکارڈ سمیت طلب کر لیا اور ملزمان کو جیل بھیج دیا گیا۔ عدالت میں پولیس کی جانب سے چالان پیش کیا گیا، عدالت نے تفتیشی افسر کو آئندہ سماعت پر ریکارڈ سمیت طلب کر لیا اور ملزمان کو جیل بھیج دیا گیا۔ عدالت میں پولیس کی جانب سے چالان پیش کیا گیا، عدالت نے تفتیشی افسر کو آئندہ سماعت پر ریکارڈ سمیت طلب کر لیا اور ملزمان کو جیل بھیج دیا گیا۔ عدالت میں پولیس کی جانب سے چالان پیش کیا گیا، عدالت نے تفتیشی افسر کو آئندہ سماعت پر ریکارڈ سمیت طلب کر لیا اور ملزمان کو جیل بھیج دیا گیا۔ عدالت میں پولیس کی جانب سے چالان پیش کیا گیا، عدالت نے تفتیشی افسر کو آئندہ سماعت پر ریکارڈ سمیت طلب کر لیا اور ملزمان کو جیل بھیج دیا گیا۔ عدالت میں پولیس کی جانب سے چالان پیش کیا گیا، عدالت نے تفتیشی افسر کو آئندہ سماعت پر ریکارڈ سمیت طلب کر لیا اور ملزمان کو جیل بھیج دیا گیا۔ عدالت میں پولیس کی جانب سے چالان پیش کیا گیا، عدالت نے تفتیشی افسر کو آئندہ سماعت پر ریکارڈ سمیت طلب کر لیا اور ملزمان کو جیل بھیج دیا گیا۔
چیمبر 18
جوڈیشل
عدالت میں پولیس کی جانب سے چالان پیش کیا گیا، عدالت نے تفتیشی افسر کو آئندہ سماعت پر ریکارڈ سمیت طلب کر لیا اور ملزمان کو جیل بھیج دیا گیا۔ عدالت میں پولیس کی جانب سے چالان پیش کیا گیا، عدالت نے تفتیشی افسر کو آئندہ سماعت پر ریکارڈ سمیت طلب کر لیا اور ملزمان کو جیل بھیج دیا گیا۔ عدالت میں پولیس کی جانب سے چالان پیش کیا گیا، عدالت نے تفتیشی افسر کو آئندہ سماعت پر ریکارڈ سمیت طلب کر لیا اور ملزمان کو جیل بھیج دیا گیا۔ عدالت میں پولیس کی جانب سے چالان پیش کیا گیا، عدالت نے تفتیشی افسر کو آئندہ سماعت پر ریکارڈ سمیت طلب کر لیا اور ملزمان کو جیل بھیج دیا گیا۔ عدالت میں پولیس کی جانب سے چالان پیش کیا گیا، عدالت نے تفتیشی افسر کو آئندہ سماعت پر ریکارڈ سمیت طلب کر لیا اور ملزمان کو جیل بھیج دیا گیا۔ عدالت میں پولیس کی جانب سے چالان پیش کیا گیا، عدالت نے تفتیشی افسر کو آئندہ سماعت پر ریکارڈ سمیت طلب کر لیا اور ملزمان کو جیل بھیج دیا گیا۔ عدالت میں پولیس کی جانب سے چالان پیش کیا گیا، عدالت نے تفتیشی افسر کو آئندہ سماعت پر ریکارڈ سمیت طلب کر لیا اور ملزمان کو جیل بھیج دیا گیا۔ عدالت میں پولیس کی جانب سے چالان پیش کیا گیا، عدالت نے تفتیشی افسر کو آئندہ سماعت پر ریکارڈ سمیت طلب کر لیا اور ملزمان کو جیل بھیج دیا گیا۔ عدالت میں پولیس کی جانب سے چالان پیش کیا گیا، عدالت نے تفتیشی افسر کو آئندہ سماعت پر ریکارڈ سمیت طلب کر لیا اور ملزمان کو جیل بھیج دیا گیا۔
چیمبر 19
ویسٹ
عدالت میں پولیس کی جانب سے چالان پیش کیا گیا، عدالت نے تفتیشی افسر کو آئندہ سماعت پر ریکارڈ سمیت طلب کر لیا اور ملزمان کو جیل بھیج دیا گیا۔ عدالت میں پولیس کی جانب سے چالان پیش کیا گیا، عدالت نے تفتیشی افسر کو آئندہ سماعت پر ریکارڈ سمیت طلب کر لیا اور ملزمان کو جیل بھیج دیا گیا۔ عدالت میں پولیس کی جانب سے چالان پیش کیا گیا، عدالت نے تفتیشی افسر کو آئندہ سماعت پر ریکارڈ سمیت طلب کر لیا اور ملزمان کو جیل بھیج دیا گیا۔ عدالت میں پولیس کی جانب سے چالان پیش کیا گیا، عدالت نے تفتیشی افسر کو آئندہ سماعت پر ریکارڈ سمیت طلب کر لیا اور ملزمان کو جیل بھیج دیا گیا۔ عدالت میں پولیس کی جانب سے چالان پیش کیا گیا، عدالت نے تفتیشی افسر کو آئندہ سماعت پر ریکارڈ سمیت طلب کر لیا اور ملزمان کو جیل بھیج دیا گیا۔ عدالت میں پولیس کی جانب سے چالان پیش کیا گیا، عدالت نے تفتیشی افسر کو آئندہ سماعت پر ریکارڈ سمیت طلب کر لیا اور ملزمان کو جیل بھیج دیا گیا۔ عدالت میں پولیس کی جانب سے چالان پیش کیا گیا، عدالت نے تفتیشی افسر کو آئندہ سماعت پر ریکارڈ سمیت طلب کر لیا اور ملزمان کو جیل بھیج دیا گیا۔ عدالت میں پولیس کی جانب سے چالان پیش کیا گیا، عدالت نے تفتیشی افسر کو آئندہ سماعت پر ریکارڈ سمیت طلب کر لیا اور ملزمان کو جیل بھیج دیا گیا۔ عدالت میں پولیس کی جانب سے چالان پیش کیا گیا، عدالت نے تفتیشی افسر کو آئندہ سماعت پر ریکارڈ سمیت طلب کر لیا اور ملزمان کو جیل بھیج دیا گیا۔
چیمبر 20
ساؤتھ
عدالت میں پولیس کی جانب سے چالان پیش کیا گیا، عدالت نے تفتیشی افسر کو آئندہ سماعت پر ریکارڈ سمیت طلب کر لیا اور ملزمان کو جیل بھیج دیا گیا۔ عدالت میں پولیس کی جانب سے چالان پیش کیا گیا، عدالت نے تفتیشی افسر کو آئندہ سماعت پر ریکارڈ سمیت طلب کر لیا اور ملزمان کو جیل بھیج دیا گیا۔ عدالت میں پولیس کی جانب سے چالان پیش کیا گیا، عدالت نے تفتیشی افسر کو آئندہ سماعت پر ریکارڈ سمیت طلب کر لیا اور ملزمان کو جیل بھیج دیا گیا۔ عدالت میں پولیس کی جانب سے چالان پیش کیا گیا، عدالت نے تفتیشی افسر کو آئندہ سماعت پر ریکارڈ سمیت طلب کر لیا اور ملزمان کو جیل بھیج دیا گیا۔ عدالت میں پولیس کی جانب سے چالان پیش کیا گیا، عدالت نے تفتیشی افسر کو آئندہ سماعت پر ریکارڈ سمیت طلب کر لیا اور ملزمان کو جیل بھیج دیا گیا۔ عدالت میں پولیس کی جانب سے چالان پیش کیا گیا، عدالت نے تفتیشی افسر کو آئندہ سماعت پر ریکارڈ سمیت طلب کر لیا اور ملزمان کو جیل بھیج دیا گیا۔ عدالت میں پولیس کی جانب سے چالان پیش کیا گیا، عدالت نے تفتیشی افسر کو آئندہ سماعت پر ریکارڈ سمیت طلب کر لیا اور ملزمان کو جیل بھیج دیا گیا۔ عدالت میں پولیس کی جانب سے چالان پیش کیا گیا، عدالت نے تفتیشی افسر کو آئندہ سماعت پر ریکارڈ سمیت طلب کر لیا اور ملزمان کو جیل بھیج دیا گیا۔ عدالت میں پولیس کی جانب سے چالان پیش کیا گیا، عدالت نے تفتیشی افسر کو آئندہ سماعت پر ریکارڈ سمیت طلب کر لیا اور ملزمان کو جیل بھیج دیا گیا۔
درخواست گزار کے وکیل نے عدالت کو بتایا کہ مقدمے میں نامزد ملزمان کے خلاف شواہد موجود ہیں عدالت نے ضمانت کی درخواست پر فیصلہ سنایا۔ درخواست گزار کے وکیل نے عدالت کو بتایا کہ مقدمے میں نامزد ملزمان کے خلاف شواہد موجود ہیں عدالت نے ضمانت کی درخواست پر فیصلہ سنایا۔ درخواست گزار کے وکیل نے عدالت کو بتایا کہ مقدمے میں نامزد ملزمان کے خلاف شواہد موجود ہیں عدالت نے ضمانت کی درخواست پر فیصلہ سنایا۔ درخواست گزار کے وکیل نے عدالت کو بتایا کہ مقدمے میں نامزد ملزمان کے خلاف شواہد موجود ہیں عدالت نے ضمانت کی درخواست پر فیصلہ سنایا۔ درخواست گزار کے وکیل نے عدالت کو بتایا کہ مقدمے میں نامزد ملزمان کے خلاف شواہد موجود ہیں عدالت نے ضمانت کی درخواست پر فیصلہ سنایا۔
چیمبر 21
ڈسٹرکٹ
درخواست گزار کے وکیل نے عدالت کو بتایا کہ مقدمے میں نامزد ملزمان کے خلاف شواہد موجود ہیں عدالت نے ضمانت کی درخواست پر فیصلہ سنایا۔ درخواست گزار کے وکیل نے عدالت کو بتایا کہ مقدمے میں نامزد ملزمان کے خلاف شواہد موجود ہیں عدالت نے ضمانت کی درخواست پر فیصلہ سنایا۔ درخواست گزار کے وکیل نے عدالت کو بتایا کہ مقدمے میں نامزد ملزمان کے خلاف شواہد موجود ہیں عدالت نے ضمانت کی درخواست پر فیصلہ سنایا۔ درخواست گزار کے وکیل نے عدالت کو بتایا کہ مقدمے میں نامزد ملزمان کے خلاف شواہد موجود ہیں عدالت نے ضمانت کی درخواست پر فیصلہ سنایا۔ درخواست گزار کے وکیل نے عدالت کو بتایا کہ مقدمے میں نامزد ملزمان کے خلاف شواہد موجود ہیں عدالت نے ضمانت کی درخواست پر فیصلہ سنایا۔ درخواست گزار کے وکیل نے عدالت کو بتایا کہ مقدمے میں نامزد ملزمان کے خلاف شواہد موجود ہیں عدالت نے ضمانت کی درخواست پر فیصلہ سنایا۔ درخواست گزار کے وکیل نے عدالت کو بتایا کہ مقدمے میں نامزد ملزمان کے خلاف شواہد موجود ہیں عدالت نے ضمانت کی درخواست پر فیصلہ سنایا۔ درخواست گزار کے وکیل نے عدالت کو بتایا کہ مقدمے میں نامزد ملزمان کے خلاف شواہد موجود ہیں عدالت نے ضمانت کی درخواست پر فیصلہ سنایا۔ درخواست گزار کے وکیل نے عدالت کو بتایا کہ مقدمے میں نامزد ملزمان کے خلاف شواہد موجود ہیں عدالت نے ضمانت کی درخواست پر فیصلہ سنایا۔
چیمبر 22
سول جج کورٹ
درخواست گزار کے وکیل نے عدالت کو بتایا کہ مقدمے میں نامزد ملزمان کے خلاف شواہد موجود ہیں عدالت نے ضمانت کی درخواست پر فیصلہ سنایا۔ درخواست گزار کے وکیل نے عدالت کو بتایا کہ مقدمے میں نامزد ملزمان کے خلاف شواہد موجود ہیں عدالت نے ضمانت کی درخواست پر فیصلہ سنایا۔ درخواست گزار کے وکیل نے عدالت کو بتایا کہ مقدمے میں نامزد ملزمان کے خلاف شواہد موجود ہیں عدالت نے ضمانت کی درخواست پر فیصلہ سنایا۔ درخواست گزار کے وکیل نے عدالت کو بتایا کہ مقدمے میں نامزد ملزمان کے خلاف شواہد موجود ہیں عدالت نے ضمانت کی درخواست پر فیصلہ سنایا۔ درخواست گزار کے وکیل نے عدالت کو بتایا کہ مقدمے میں نامزد ملزمان کے خلاف شواہد موجود ہیں عدالت نے ضمانت کی درخواست پر فیصلہ سنایا۔ درخواست گزار کے وکیل نے عدالت کو بتایا کہ مقدمے میں نامزد ملزمان کے خلاف شواہد موجود ہیں عدالت نے ضمانت کی درخواست پر فیصلہ سنایا۔ درخواست گزار کے وکیل نے عدالت کو بتایا کہ مقدمے میں نامزد ملزمان کے خلاف شواہد موجود ہیں عدالت نے ضمانت کی درخواست پر فیصلہ سنایا۔ درخواست گزار کے وکیل نے عدالت کو بتایا کہ مقدمے میں نامزد ملزمان کے خلاف شواہد موجود ہیں عدالت نے ضمانت کی درخواست پر فیصلہ سنایا۔ درخواست گزار کے وکیل نے عدالت کو بتایا کہ مقدمے میں نامزد ملزمان کے خلاف شواہد موجود ہیں عدالت نے ضمانت کی درخواست پر فیصلہ سنایا۔
چیمبر 23
جوڈیشل مجسٹریٹ
درخواست گزار کے وکیل نے عدالت کو بتایا کہ مقدمے میں نامزد ملزمان کے خلاف شواہد موجود ہیں عدالت نے ضمانت کی درخواست پر فیصلہ سنایا۔ درخواست گزار کے وکیل نے عدالت کو بتایا کہ مقدمے میں نامزد ملزمان کے خلاف شواہد موجود ہیں عدالت نے ضمانت کی درخواست پر فیصلہ سنایا۔ درخواست گزار کے وکیل نے عدالت کو بتایا کہ مقدمے میں نامزد ملزمان کے خلاف شواہد موجود ہیں عدالت نے ضمانت کی درخواست پر فیصلہ سنایا۔ درخواست گزار کے وکیل نے عدالت کو بتایا کہ مقدمے میں نامزد ملزمان کے خلاف شواہد موجود ہیں عدالت نے ضمانت کی درخواست پر فیصلہ سنایا۔ درخواست گزار کے وکیل نے عدالت کو بتایا کہ مقدمے میں نامزد ملزمان کے خلاف شواہد موجود ہیں عدالت نے ضمانت کی درخواست پر فیصلہ سنایا۔ درخواست گزار کے وکیل نے عدالت کو بتایا کہ مقدمے میں نامزد ملزمان کے خلاف شواہد موجود ہیں عدالت نے ضمانت کی درخواست پر فیصلہ سنایا۔ درخواست گزار کے وکیل نے عدالت کو بتایا کہ مقدمے میں نامزد ملزمان کے خلاف شواہد موجود ہیں عدالت نے ضمانت کی درخواست پر فیصلہ سنایا۔ درخواست گزار کے وکیل نے عدالت کو بتایا کہ مقدمے میں نامزد ملزمان کے خلاف شواہد موجود ہیں عدالت نے ضمانت کی درخواست پر فیصلہ سنایا۔ درخواست گزار کے وکیل نے عدالت کو بتایا کہ مقدمے میں نامزد ملزمان کے خلاف شواہد موجود ہیں عدالت نے ضمانت کی درخواست پر فیصلہ سنایا۔
چیمبر 24
سٹی
درخواست گزار کے وکیل نے عدالت کو بتایا کہ مقدمے میں نامزد ملزمان کے خلاف شواہد موجود ہیں عدالت نے ضمانت کی درخواست پر فیصلہ سنایا۔ درخواست گزار کے وکیل نے عدالت کو بتایا کہ مقدمے میں نامزد ملزمان کے خلاف شواہد موجود ہیں عدالت نے ضمانت کی درخواست پر فیصلہ سنایا۔ درخواست گزار کے وکیل نے عدالت کو بتایا کہ مقدمے میں نامزد ملزمان کے خلاف شواہد موجود ہیں عدالت نے ضمانت کی درخواست پر فیصلہ سنایا۔ درخواست گزار کے وکیل نے عدالت کو بتایا کہ مقدمے میں نامزد ملزمان کے خلاف شواہد موجود ہیں عدالت نے ضمانت کی درخواست پر فیصلہ سنایا۔ درخواست گزار کے وکیل نے عدالت کو بتایا کہ مقدمے میں نامزد ملزمان کے خلاف شواہد موجود ہیں عدالت نے ضمانت کی درخواست پر فیصلہ سنایا۔ درخواست گزار کے وکیل نے عدالت کو بتایا کہ مقدمے میں نامزد ملزمان کے خلاف شواہد موجود ہیں عدالت نے ضمانت کی درخواست پر فیصلہ سنایا۔ درخواست گزار کے وکیل نے عدالت کو بتایا کہ مقدمے میں نامزد ملزمان کے خلاف شواہد موجود ہیں عدالت نے ضمانت کی درخواست پر فیصلہ سنایا۔ درخواست گزار کے وکیل نے عدالت کو بتایا کہ مقدمے میں نامزد ملزمان کے خلاف شواہد موجود ہیں عدالت نے ضمانت کی درخواست پر فیصلہ سنایا۔ درخواست گزار کے وکیل نے عدالت کو بتایا کہ مقدمے میں نامزد ملزمان کے خلاف شواہد موجود ہیں عدالت نے ضمانت کی درخواست پر فیصلہ سنایا۔
سماعت کے دوران عدالت نے ریمارکس دیے کہ قانون کے مطابق کارروائی مکمل کی جائے، ملزمان کے وکلاء نے دلائل دیتے ہوئے کہا کہ مقدمہ بے بنیاد ہے۔ سماعت کے دوران عدالت نے ریمارکس دیے کہ قانون کے مطابق کارروائی مکمل کی جائے، ملزمان کے وکلاء نے دلائل دیتے ہوئے کہا کہ مقدمہ بے بنیاد ہے۔ سماعت کے دوران عدالت نے ریمارکس دیے کہ قانون کے مطابق کارروائی مکمل کی جائے، ملزمان کے وکلاء نے دلائل دیتے ہوئے کہا کہ مقدمہ بے بنیاد ہے۔ سماعت کے دوران عدالت نے ریمارکس دیے کہ قانون کے مطابق کارروائی مکمل کی جائے، ملزمان کے وکلاء نے دلائل دیتے ہوئے کہا کہ مقدمہ بے بنیاد ہے۔ سماعت کے دوران عدالت نے ریمارکس دیے کہ قانون کے مطابق کارروائی مکمل کی جائے، ملزمان کے وکلاء نے دلائل دیتے ہوئے کہا کہ مقدمہ بے بنیاد ہے۔
چیمبر 25
ساؤتھ
سماعت کے دوران عدالت نے ریمارکس دیے کہ قانون کے مطابق کارروائی مکمل کی جائے، ملزمان کے وکلاء نے دلائل دیتے ہوئے کہا کہ مقدمہ بے بنیاد ہے۔ سماعت کے دوران عدالت نے ریمارکس دیے کہ قانون کے مطابق کارروائی مکمل کی جائے، ملزمان کے وکلاء نے دلائل دیتے ہوئے کہا کہ مقدمہ بے بنیاد ہے۔ سماعت کے دوران عدالت نے ریمارکس دیے کہ قانون کے مطابق کارروائی مکمل کی جائے، ملزمان کے وکلاء نے دلائل دیتے ہوئے کہا کہ مقدمہ بے بنیاد ہے۔ سماعت کے دوران عدالت نے ریمارکس دیے کہ قانون کے مطابق کارروائی مکمل کی جائے، ملزمان کے وکلاء نے دلائل دیتے ہوئے کہا کہ مقدمہ بے بنیاد ہے۔ سماعت کے دوران عدالت نے ریمارکس دیے کہ قانون کے مطابق کارروائی مکمل کی جائے، ملزمان کے وکلاء نے دلائل دیتے ہوئے کہا کہ مقدمہ بے بنیاد ہے۔ سماعت کے دوران عدالت نے ریمارکس دیے کہ قانون کے مطابق کارروائی مکمل کی جائے، ملزمان کے وکلاء نے دلائل دیتے ہوئے کہا کہ مقدمہ بے بنیاد ہے۔ سماعت کے دوران عدالت نے ریمارکس دیے کہ قانون کے مطابق کارروائی مکمل کی جائے، ملزمان کے وکلاء نے دلائل دیتے ہوئے کہا کہ مقدمہ بے بنیاد ہے۔ سماعت کے دوران عدالت نے ریمارکس دیے کہ قانون کے مطابق کارروائی مکمل کی جائے، ملزمان کے وکلاء نے دلائل دیتے ہوئے کہا کہ مقدمہ بے بنیاد ہے۔ سماعت کے دوران عدالت نے ریمارکس دیے کہ قانون کے مطابق کارروائی مکمل کی جائے، ملزمان کے وکلاء نے دلائل دیتے ہوئے کہا کہ مقدمہ بے بنیاد ہے۔
چیمبر 26
ملیر
سماعت کے دوران عدالت نے ریمارکس دیے کہ قانون کے مطابق کارروائی مکمل کی جائے، ملزمان کے وکلاء نے دلائل دیتے ہوئے کہا کہ مقدمہ بے بنیاد ہے۔ سماعت کے دوران عدالت نے ریمارکس دیے کہ قانون کے مطابق کارروائی مکمل کی جائے، ملزمان کے وکلاء نے دلائل دیتے ہوئے کہا کہ مقدمہ بے بنیاد ہے۔ سماعت کے دوران عدالت نے ریمارکس دیے کہ قانون کے مطابق کارروائی مکمل کی جائے، ملزمان کے وکلاء نے دلائل دیتے ہوئے کہا کہ مقدمہ بے بنیاد ہے۔ سماعت کے دوران عدالت نے ریمارکس دیے کہ قانون کے مطابق کارروائی مکمل کی جائے، ملزمان کے وکلاء نے دلائل دیتے ہوئے کہا کہ مقدمہ بے بنیاد ہے۔ سماعت کے دوران عدالت نے ریمارکس دیے کہ قانون کے مطابق کارروائی مکمل کی جائے، ملزمان کے وکلاء نے دلائل دیتے ہوئے کہا کہ مقدمہ بے بنیاد ہے۔ سماعت کے دوران عدالت نے ریمارکس دیے کہ قانون کے مطابق کارروائی مکمل کی جائے، ملزمان کے وکلاء نے دلائل دیتے ہوئے کہا کہ مقدمہ بے بنیاد ہے۔ سماعت کے دوران عدالت نے ریمارکس دیے کہ قانون کے مطابق کارروائی مکمل کی جائے، ملزمان کے وکلاء نے دلائل دیتے ہوئے کہا کہ مقدمہ بے بنیاد ہے۔ سماعت کے دوران عدالت نے ریمارکس دیے کہ قانون کے مطابق کارروائی مکمل کی جائے، ملزمان کے وکلاء نے دلائل دیتے ہوئے کہا کہ مقدمہ بے بنیاد ہے۔ سماعت کے دوران عدالت نے ریمارکس دیے کہ قانون کے مطابق کارروائی مکمل کی جائے، ملزمان کے وکلاء نے دلائل دیتے ہوئے کہا کہ مقدمہ بے بنیاد ہے۔
چیمبر 27
شرقی
سماعت کے دوران عدالت نے ریمارکس دیے کہ قانون کے مطابق کارروائی مکمل کی جائے، ملزمان کے وکلاء نے دلائل دیتے ہوئے کہا کہ مقدمہ بے بنیاد ہے۔ سماعت کے دوران عدالت نے ریمارکس دیے کہ قانون کے مطابق کارروائی مکمل کی جائے، ملزمان کے وکلاء نے دلائل دیتے ہوئے کہا کہ مقدمہ بے بنیاد ہے۔ سماعت کے دوران عدالت نے ریمارکس دیے کہ قانون کے مطابق کارروائی مکمل کی جائے، ملزمان کے وکلاء نے دلائل دیتے ہوئے کہا کہ مقدمہ بے بنیاد ہے۔ سماعت کے دوران عدالت نے ریمارکس دیے کہ قانون کے مطابق کارروائی مکمل کی جائے، ملزمان کے وکلاء نے دلائل دیتے ہوئے کہا کہ مقدمہ بے بنیاد ہے۔ سماعت کے دوران عدالت نے ریمارکس دیے کہ قانون کے مطابق کارروائی مکمل کی جائے، ملزمان کے وکلاء نے دلائل دیتے ہوئے کہا کہ مقدمہ بے بنیاد ہے۔ سماعت کے دوران عدالت نے ریمارکس دیے کہ قانون کے مطابق کارروائی مکمل کی جائے، ملزمان کے وکلاء نے دلائل دیتے ہوئے کہا کہ مقدمہ بے بنیاد ہے۔ سماعت کے دوران عدالت نے ریمارکس دیے کہ قانون کے مطابق کارروائی مکمل کی جائے، ملزمان کے وکلاء نے دلائل دیتے ہوئے کہا کہ مقدمہ بے بنیاد ہے۔ سماعت کے دوران عدالت نے ریمارکس دیے کہ قانون کے مطابق کارروائی مکمل کی جائے، ملزمان کے وکلاء نے دلائل دیتے ہوئے کہا کہ مقدمہ بے بنیاد ہے۔ سماعت کے دوران عدالت نے ریمارکس دیے کہ قانون کے مطابق کارروائی مکمل کی جائے، ملزمان کے وکلاء نے دلائل دیتے ہوئے کہا کہ مقدمہ بے بنیاد ہے۔
چیمبر 28
غربی
سماعت کے دوران عدالت نے ریمارکس دیے کہ قانون کے مطابق کارروائی مکمل کی جائے، ملزمان کے وکلاء نے دلائل دیتے ہوئے کہا کہ مقدمہ بے بنیاد ہے۔ سماعت کے دوران عدالت نے ریمارکس دیے کہ قانون کے مطابق کارروائی مکمل کی جائے، ملزمان کے وکلاء نے دلائل دیتے ہوئے کہا کہ مقدمہ بے بنیاد ہے۔ سماعت کے دوران عدالت نے ریمارکس دیے کہ قانون کے مطابق کارروائی مکمل کی جائے، ملزمان کے وکلاء نے دلائل دیتے ہوئے کہا کہ مقدمہ بے بنیاد ہے۔ سماعت کے دوران عدالت نے ریمارکس دیے کہ قانون کے مطابق کارروائی مکمل کی جائے، ملزمان کے وکلاء نے دلائل دیتے ہوئے کہا کہ مقدمہ بے بنیاد ہے۔ سماعت کے دوران عدالت نے ریمارکس دیے کہ قانون کے مطابق کارروائی مکمل کی جائے، ملزمان کے وکلاء نے دلائل دیتے ہوئے کہا کہ مقدمہ بے بنیاد ہے۔ سماعت کے دوران عدالت نے ریمارکس دیے کہ قانون کے مطابق کارروائی مکمل کی جائے، ملزمان کے وکلاء نے دلائل دیتے ہوئے کہا کہ مقدمہ بے بنیاد ہے۔ سماعت کے دوران عدالت نے ریمارکس دیے کہ قانون کے مطابق کارروائی مکمل کی جائے، ملزمان کے وکلاء نے دلائل دیتے ہوئے کہا کہ مقدمہ بے بنیاد ہے۔ سماعت کے دوران عدالت نے ریمارکس دیے کہ قانون کے مطابق کارروائی مکمل کی جائے، ملزمان کے وکلاء نے دلائل دیتے ہوئے کہا کہ مقدمہ بے بنیاد ہے۔ سماعت کے دوران عدالت نے ریمارکس دیے کہ قانون کے مطابق کارروائی مکمل کی جائے، ملزمان کے وکلاء نے دلائل دیتے ہوئے کہا کہ مقدمہ بے بنیاد ہے۔
چیمبر 29
کورنگی
سماعت کے دوران عدالت نے ریمارکس دیے کہ قانون کے مطابق کارروائی مکمل کی جائے، ملزمان کے وکلاء نے دلائل دیتے ہوئے کہا کہ مقدمہ بے بنیاد ہے۔ سماعت کے دوران عدالت نے ریمارکس دیے کہ قانون کے مطابق کارروائی مکمل کی جائے، ملزمان کے وکلاء نے دلائل دیتے ہوئے کہا کہ مقدمہ بے بنیاد ہے۔ سماعت کے دوران عدالت نے ریمارکس دیے کہ قانون کے مطابق کارروائی مکمل کی جائے، ملزمان کے وکلاء نے دلائل دیتے ہوئے کہا کہ مقدمہ بے بنیاد ہے۔ سماعت کے دوران عدالت نے ریمارکس دیے کہ قانون کے مطابق کارروائی مکمل کی جائے، ملزمان کے وکلاء نے دلائل دیتے ہوئے کہا کہ مقدمہ بے بنیاد ہے۔ سماعت کے دوران عدالت نے ریمارکس دیے کہ قانون کے مطابق کارروائی مکمل کی جائے، ملزمان کے وکلاء نے دلائل دیتے ہوئے کہا کہ مقدمہ بے بنیاد ہے۔ سماعت کے دوران عدالت نے ریمارکس دیے کہ قانون کے مطابق کارروائی مکمل کی جائے، ملزمان کے وکلاء نے دلائل دیتے ہوئے کہا کہ مقدمہ بے بنیاد ہے۔ سماعت کے دوران عدالت نے ریمارکس دیے کہ قانون کے مطابق کارروائی مکمل کی جائے، ملزمان کے وکلاء نے دلائل دیتے ہوئے کہا کہ مقدمہ بے بنیاد ہے۔ سماعت کے دوران عدالت نے ریمارکس دیے کہ قانون کے مطابق کارروائی مکمل کی جائے، ملزمان کے وکلاء نے دلائل دیتے ہوئے کہا کہ مقدمہ بے بنیاد ہے۔ سماعت کے دوران عدالت نے ریمارکس دیے کہ قانون کے مطابق کارروائی مکمل کی جائے، ملزمان کے وکلاء نے دلائل دیتے ہوئے کہا کہ مقدمہ بے بنیاد ہے۔
چیمبر 30
سینٹرل
سماعت کے دوران عدالت نے ریمارکس دیے کہ قانون کے مطابق کارروائی مکمل کی جائے، ملزمان کے وکلاء نے دلائل دیتے ہوئے کہا کہ مقدمہ بے بنیاد ہے۔ سماعت کے دوران عدالت نے ریمارکس دیے کہ قانون کے مطابق کارروائی مکمل کی جائے، ملزمان کے وکلاء نے دلائل دیتے ہوئے کہا کہ مقدمہ بے بنیاد ہے۔ سماعت کے دوران عدالت نے ریمارکس دیے کہ قانون کے مطابق کارروائی مکمل کی جائے، ملزمان کے وکلاء نے دلائل دیتے ہوئے کہا کہ مقدمہ بے بنیاد ہے۔ سماعت کے دوران عدالت نے ریمارکس دیے کہ قانون کے مطابق کارروائی مکمل کی جائے، ملزمان کے وکلاء نے دلائل دیتے ہوئے کہا کہ مقدمہ بے بنیاد ہے۔ سماعت کے دوران عدالت نے ریمارکس دیے کہ قانون کے مطابق کارروائی مکمل کی جائے، ملزمان کے وکلاء نے دلائل دیتے ہوئے کہا کہ مقدمہ بے بنیاد ہے۔ سماعت کے دوران عدالت نے ریمارکس دیے کہ قانون کے مطابق کارروائی مکمل کی جائے، ملزمان کے وکلاء نے دلائل دیتے ہوئے کہا کہ مقدمہ بے بنیاد ہے۔ سماعت کے دوران عدالت نے ریمارکس دیے کہ قانون کے مطابق کارروائی مکمل کی جائے، ملزمان کے وکلاء نے دلائل دیتے ہوئے کہا کہ مقدمہ بے بنیاد ہے۔ سماعت کے دوران عدالت نے ریمارکس دیے کہ قانون کے مطابق کارروائی مکمل کی جائے، ملزمان کے وکلاء نے دلائل دیتے ہوئے کہا کہ مقدمہ بے بنیاد ہے۔ سماعت کے دوران عدالت نے ریمارکس دیے کہ قانون کے مطابق کارروائی مکمل کی جائے، ملزمان کے وکلاء نے دلائل دیتے ہوئے کہا کہ مقدمہ بے بنیاد ہے۔
چیمبر 31
ایسٹ
سماعت کے دوران عدالت نے ریمارکس دیے کہ قانون کے مطابق کارروائی مکمل کی جائے، ملزمان کے وکلاء نے دلائل دیتے ہوئے کہا کہ مقدمہ بے بنیاد ہے۔ سماعت کے دوران عدالت نے ریمارکس دیے کہ قانون کے مطابق کارروائی مکمل کی جائے، ملزمان کے وکلاء نے دلائل دیتے ہوئے کہا کہ مقدمہ بے بنیاد ہے۔ سماعت کے دوران عدالت نے ریمارکس دیے کہ قانون کے مطابق کارروائی مکمل کی جائے، ملزمان کے وکلاء نے دلائل دیتے ہوئے کہا کہ مقدمہ بے بنیاد ہے۔ سماعت کے دوران عدالت نے ریمارکس دیے کہ قانون کے مطابق کارروائی مکمل کی جائے، ملزمان کے وکلاء نے دلائل دیتے ہوئے کہا کہ مقدمہ بے بنیاد ہے۔ سماعت کے دوران عدالت نے ریمارکس دیے کہ قانون کے مطابق کارروائی مکمل کی جائے، ملزمان کے وکلاء نے دلائل دیتے ہوئے کہا کہ مقدمہ بے بنیاد ہے۔ سماعت کے دوران عدالت نے ریمارکس دیے کہ قانون کے مطابق کارروائی مکمل کی جائے، ملزمان کے وکلاء نے دلائل دیتے ہوئے کہا کہ مقدمہ بے بنیاد ہے۔ سماعت کے دوران عدالت نے ریمارکس دیے کہ قانون کے مطابق کارروائی مکمل کی جائے، ملزمان کے وکلاء نے دلائل دیتے ہوئے کہا کہ مقدمہ بے بنیاد ہے۔ سماعت کے دوران عدالت نے ریمارکس دیے کہ قانون کے مطابق کارروائی مکمل کی جائے، ملزمان کے وکلاء نے دلائل دیتے ہوئے کہا کہ مقدمہ بے بنیاد ہے۔ سماعت کے دوران عدالت نے ریمارکس دیے کہ قانون کے مطابق کارروائی مکمل کی جائے، ملزمان کے وکلاء نے دلائل دیتے ہوئے کہا کہ مقدمہ بے بنیاد ہے۔
موجودہ حالات میں اقوام متحدہ کی اہمیت بڑھ گئی ہے۔ سفارتکار
عالمی امن کے قیام میں اقوام متحدہ کا کردار کلیدی ہے۔ اردو یونیورسٹی میں سیمینار
کراچی (اسٹاف رپورٹر) اقوام متحدہ کے قیام کی سالگرہ کے موقع پر منعقدہ سیمینار سے خطاب کرتے ہوئے مقررین نے کہا کہ عالمی امن کے لیے اقوام متحدہ کا کردار اہم ہے۔ کراچی (اسٹاف رپورٹر) اقوام متحدہ کے قیام کی سالگرہ کے موقع پر منعقدہ سیمینار سے خطاب کرتے ہوئے مقررین نے کہا کہ عالمی امن کے لیے اقوام متحدہ کا کردار اہم ہے۔ کراچی (اسٹاف رپورٹر) اقوام متحدہ کے قیام کی سالگرہ کے موقع پر منعقدہ سیمینار سے خطاب کرتے ہوئے مقررین نے کہا کہ عالمی امن کے لیے اقوام متحدہ کا کردار اہم ہے۔ کراچی (اسٹاف رپورٹر) اقوام متحدہ کے قیام کی سالگرہ کے موقع پر منعقدہ سیمینار سے خطاب کرتے ہوئے مقررین نے کہا کہ عالمی امن کے لیے اقوام متحدہ کا کردار اہم ہے۔ کراچی (اسٹاف رپورٹر) اقوام متحدہ کے قیام کی سالگرہ کے موقع پر منعقدہ سیمینار سے خطاب کرتے ہوئے مقررین نے کہا کہ عالمی امن کے لیے اقوام متحدہ کا کردار اہم ہے۔
چیمبر 32
ڈسٹرکٹ کورٹ
کراچی (اسٹاف رپورٹر) اقوام متحدہ کے قیام کی سالگرہ کے موقع پر منعقدہ سیمینار سے خطاب کرتے ہوئے مقررین نے کہا کہ عالمی امن کے لیے اقوام متحدہ کا کردار اہم ہے۔ کراچی (اسٹاف رپورٹر) اقوام متحدہ کے قیام کی سالگرہ کے موقع پر منعقدہ سیمینار سے خطاب کرتے ہوئے مقررین نے کہا کہ عالمی امن کے لیے اقوام متحدہ کا کردار اہم ہے۔ کراچی (اسٹاف رپورٹر) اقوام متحدہ کے قیام کی سالگرہ کے موقع پر منعقدہ سیمینار سے خطاب کرتے ہوئے مقررین نے کہا کہ عالمی امن کے لیے اقوام متحدہ کا کردار اہم ہے۔ کراچی (اسٹاف رپورٹر) اقوام متحدہ کے قیام کی سالگرہ کے موقع پر منعقدہ سیمینار سے خطاب کرتے ہوئے مقررین نے کہا کہ عالمی امن کے لیے اقوام متحدہ کا کردار اہم ہے۔ کراچی (اسٹاف رپورٹر) اقوام متحدہ کے قیام کی سالگرہ کے موقع پر منعقدہ سیمینار سے خطاب کرتے ہوئے مقررین نے کہا کہ عالمی امن کے لیے اقوام متحدہ کا کردار اہم ہے۔ کراچی (اسٹاف رپورٹر) اقوام متحدہ کے قیام کی سالگرہ کے موقع پر منعقدہ سیمینار سے خطاب کرتے ہوئے مقررین نے کہا کہ عالمی امن کے لیے اقوام متحدہ کا کردار اہم ہے۔ کراچی (اسٹاف رپورٹر) اقوام متحدہ کے قیام کی سالگرہ کے موقع پر منعقدہ سیمینار سے خطاب کرتے ہوئے مقررین نے کہا کہ عالمی امن کے لیے اقوام متحدہ کا کردار اہم ہے۔ کراچی (اسٹاف رپورٹر) اقوام متحدہ کے قیام کی سالگرہ کے موقع پر منعقدہ سیمینار سے خطاب کرتے ہوئے مقررین نے کہا کہ عالمی امن کے لیے اقوام متحدہ کا کردار اہم ہے۔ کراچی (اسٹاف رپورٹر) اقوام متحدہ کے قیام کی سالگرہ کے موقع پر منعقدہ سیمینار سے خطاب کرتے ہوئے مقررین نے کہا کہ عالمی امن کے لیے اقوام متحدہ کا کردار اہم ہے۔
چیمبر 33
سیشن کورٹ
کراچی (اسٹاف رپورٹر) اقوام متحدہ کے قیام کی سالگرہ کے موقع پر منعقدہ سیمینار سے خطاب کرتے ہوئے مقررین نے کہا کہ عالمی امن کے لیے اقوام متحدہ کا کردار اہم ہے۔ کراچی (اسٹاف رپورٹر) اقوام متحدہ کے قیام کی سالگرہ کے موقع پر منعقدہ سیمینار سے خطاب کرتے ہوئے مقررین نے کہا کہ عالمی امن کے لیے اقوام متحدہ کا کردار اہم ہے۔ کراچی (اسٹاف رپورٹر) اقوام متحدہ کے قیام کی سالگرہ کے موقع پر منعقدہ سیمینار سے خطاب کرتے ہوئے مقررین نے کہا کہ عالمی امن کے لیے اقوام متحدہ کا کردار اہم ہے۔ کراچی (اسٹاف رپورٹر) اقوام متحدہ کے قیام کی سالگرہ کے موقع پر منعقدہ سیمینار سے خطاب کرتے ہوئے مقررین نے کہا کہ عالمی امن کے لیے اقوام متحدہ کا کردار اہم ہے۔ کراچی (اسٹاف رپورٹر) اقوام متحدہ کے قیام کی سالگرہ کے موقع پر منعقدہ سیمینار سے خطاب کرتے ہوئے مقررین نے کہا کہ عالمی امن کے لیے اقوام متحدہ کا کردار اہم ہے۔ کراچی (اسٹاف رپورٹر) اقوام متحدہ کے قیام کی سالگرہ کے موقع پر منعقدہ سیمینار سے خطاب کرتے ہوئے مقررین نے کہا کہ عالمی امن کے لیے اقوام متحدہ کا کردار اہم ہے۔ کراچی (اسٹاف رپورٹر) اقوام متحدہ کے قیام کی سالگرہ کے موقع پر منعقدہ سیمینار سے خطاب کرتے ہوئے مقررین نے کہا کہ عالمی امن کے لیے اقوام متحدہ کا کردار اہم ہے۔ کراچی (اسٹاف رپورٹر) اقوام متحدہ کے قیام کی سالگرہ کے موقع پر منعقدہ سیمینار سے خطاب کرتے ہوئے مقررین نے کہا کہ عالمی امن کے لیے اقوام متحدہ کا کردار اہم ہے۔ کراچی (اسٹاف رپورٹر) اقوام متحدہ کے قیام کی سالگرہ کے موقع پر منعقدہ سیمینار سے خطاب کرتے ہوئے مقررین نے کہا کہ عالمی امن کے لیے اقوام متحدہ کا کردار اہم ہے۔
چیمبر 34
سٹی کورٹ
کراچی (اسٹاف رپورٹر) اقوام متحدہ کے قیام کی سالگرہ کے موقع پر منعقدہ سیمینار سے خطاب کرتے ہوئے مقررین نے کہا کہ عالمی امن کے لیے اقوام متحدہ کا کردار اہم ہے۔ کراچی (اسٹاف رپورٹر) اقوام متحدہ کے قیام کی سالگرہ کے موقع پر منعقدہ سیمینار سے خطاب کرتے ہوئے مقررین نے کہا کہ عالمی امن کے لیے اقوام متحدہ کا کردار اہم ہے۔ کراچی (اسٹاف رپورٹر) اقوام متحدہ کے قیام کی سالگرہ کے موقع پر منعقدہ سیمینار سے خطاب کرتے ہوئے مقررین نے کہا کہ عالمی امن کے لیے اقوام متحدہ کا کردار اہم ہے۔ کراچی (اسٹاف رپورٹر) اقوام متحدہ کے قیام کی سالگرہ کے موقع پر منعقدہ سیمینار سے خطاب کرتے ہوئے مقررین نے کہا کہ عالمی امن کے لیے اقوام متحدہ کا کردار اہم ہے۔ کراچی (اسٹاف رپورٹر) اقوام متحدہ کے قیام کی سالگرہ کے موقع پر منعقدہ سیمینار سے خطاب کرتے ہوئے مقررین نے کہا کہ عالمی امن کے لیے اقوام متحدہ کا کردار اہم ہے۔ کراچی (اسٹاف رپورٹر) اقوام متحدہ کے قیام کی سالگرہ کے موقع پر منعقدہ سیمینار سے خطاب کرتے ہوئے مقررین نے کہا کہ عالمی امن کے لیے اقوام متحدہ کا کردار اہم ہے۔ کراچی (اسٹاف رپورٹر) اقوام متحدہ کے قیام کی سالگرہ کے موقع پر منعقدہ سیمینار سے خطاب کرتے ہوئے مقررین نے کہا کہ عالمی امن کے لیے اقوام متحدہ کا کردار اہم ہے۔ کراچی (اسٹاف رپورٹر) اقوام متحدہ کے قیام کی سالگرہ کے موقع پر منعقدہ سیمینار سے خطاب کرتے ہوئے مقررین نے کہا کہ عالمی امن کے لیے اقوام متحدہ کا کردار اہم ہے۔ کراچی (اسٹاف رپورٹر) اقوام متحدہ کے قیام کی سالگرہ کے موقع پر منعقدہ سیمینار سے خطاب کرتے ہوئے مقررین نے کہا کہ عالمی امن کے لیے اقوام متحدہ کا کردار اہم ہے۔
پاکستان اور ایران کے درمیان تعلقات کو مزید مستحکم بنانے کی ضرورت ہے، مقررین نے کہا کہ دونوں ممالک کے عوام کے درمیان گہرے ثقافتی روابط ہیں۔ پاکستان اور ایران کے درمیان تعلقات کو مزید مستحکم بنانے کی ضرورت ہے، مقررین نے کہا کہ دونوں ممالک کے عوام کے درمیان گہرے ثقافتی روابط ہیں۔ پاکستان اور ایران کے درمیان تعلقات کو مزید مستحکم بنانے کی ضرورت ہے، مقررین نے کہا کہ دونوں ممالک کے عوام کے درمیان گہرے ثقافتی روابط ہیں۔ پاکستان اور ایران کے درمیان تعلقات کو مزید مستحکم بنانے کی ضرورت ہے، مقررین نے کہا کہ دونوں ممالک کے عوام کے درمیان گہرے ثقافتی روابط ہیں۔ پاکستان اور ایران کے درمیان تعلقات کو مزید مستحکم بنانے کی ضرورت ہے، مقررین نے کہا کہ دونوں ممالک کے عوام کے درمیان گہرے ثقافتی روابط ہیں۔
چیمبر 35
ساؤتھ
پاکستان اور ایران کے درمیان تعلقات کو مزید مستحکم بنانے کی ضرورت ہے، مقررین نے کہا کہ دونوں ممالک کے عوام کے درمیان گہرے ثقافتی روابط ہیں۔ پاکستان اور ایران کے درمیان تعلقات کو مزید مستحکم بنانے کی ضرورت ہے، مقررین نے کہا کہ دونوں ممالک کے عوام کے درمیان گہرے ثقافتی روابط ہیں۔ پاکستان اور ایران کے درمیان تعلقات کو مزید مستحکم بنانے کی ضرورت ہے، مقررین نے کہا کہ دونوں ممالک کے عوام کے درمیان گہرے ثقافتی روابط ہیں۔ پاکستان اور ایران کے درمیان تعلقات کو مزید مستحکم بنانے کی ضرورت ہے، مقررین نے کہا کہ دونوں ممالک کے عوام کے درمیان گہرے ثقافتی روابط ہیں۔ پاکستان اور ایران کے درمیان تعلقات کو مزید مستحکم بنانے کی ضرورت ہے، مقررین نے کہا کہ دونوں ممالک کے عوام کے درمیان گہرے ثقافتی روابط ہیں۔ پاکستان اور ایران کے درمیان تعلقات کو مزید مستحکم بنانے کی ضرورت ہے، مقررین نے کہا کہ دونوں ممالک کے عوام کے درمیان گہرے ثقافتی روابط ہیں۔ پاکستان اور ایران کے درمیان تعلقات کو مزید مستحکم بنانے کی ضرورت ہے، مقررین نے کہا کہ دونوں ممالک کے عوام کے درمیان گہرے ثقافتی روابط ہیں۔ پاکستان اور ایران کے درمیان تعلقات کو مزید مستحکم بنانے کی ضرورت ہے، مقررین نے کہا کہ دونوں ممالک کے عوام کے درمیان گہرے ثقافتی روابط ہیں۔ پاکستان اور ایران کے درمیان تعلقات کو مزید مستحکم بنانے کی ضرورت ہے، مقررین نے کہا کہ دونوں ممالک کے عوام کے درمیان گہرے ثقافتی روابط ہیں۔
چیمبر 36
ملیر
پاکستان اور ایران کے درمیان تعلقات کو مزید مستحکم بنانے کی ضرورت ہے، مقررین نے کہا کہ دونوں ممالک کے عوام کے درمیان گہرے ثقافتی روابط ہیں۔ پاکستان اور ایران کے درمیان تعلقات کو مزید مستحکم بنانے کی ضرورت ہے، مقررین نے کہا کہ دونوں ممالک کے عوام کے درمیان گہرے ثقافتی روابط ہیں۔ پاکستان اور ایران کے درمیان تعلقات کو مزید مستحکم بنانے کی ضرورت ہے، مقررین نے کہا کہ دونوں ممالک کے عوام کے درمیان گہرے ثقافتی روابط ہیں۔ پاکستان اور ایران کے درمیان تعلقات کو مزید مستحکم بنانے کی ضرورت ہے، مقررین نے کہا کہ دونوں ممالک کے عوام کے درمیان گہرے ثقافتی روابط ہیں۔ پاکستان اور ایران کے درمیان تعلقات کو مزید مستحکم بنانے کی ضرورت ہے، مقررین نے کہا کہ دونوں ممالک کے عوام کے درمیان گہرے ثقافتی روابط ہیں۔ پاکستان اور ایران کے درمیان تعلقات کو مزید مستحکم بنانے کی ضرورت ہے، مقررین نے کہا کہ دونوں ممالک کے عوام کے درمیان گہرے ثقافتی روابط ہیں۔ پاکستان اور ایران کے درمیان تعلقات کو مزید مستحکم بنانے کی ضرورت ہے، مقررین نے کہا کہ دونوں ممالک کے عوام کے درمیان گہرے ثقافتی روابط ہیں۔ پاکستان اور ایران کے درمیان تعلقات کو مزید مستحکم بنانے کی ضرورت ہے، مقررین نے کہا کہ دونوں ممالک کے عوام کے درمیان گہرے ثقافتی روابط ہیں۔ پاکستان اور ایران کے درمیان تعلقات کو مزید مستحکم بنانے کی ضرورت ہے، مقررین نے کہا کہ دونوں ممالک کے عوام کے درمیان گہرے ثقافتی روابط ہیں۔
